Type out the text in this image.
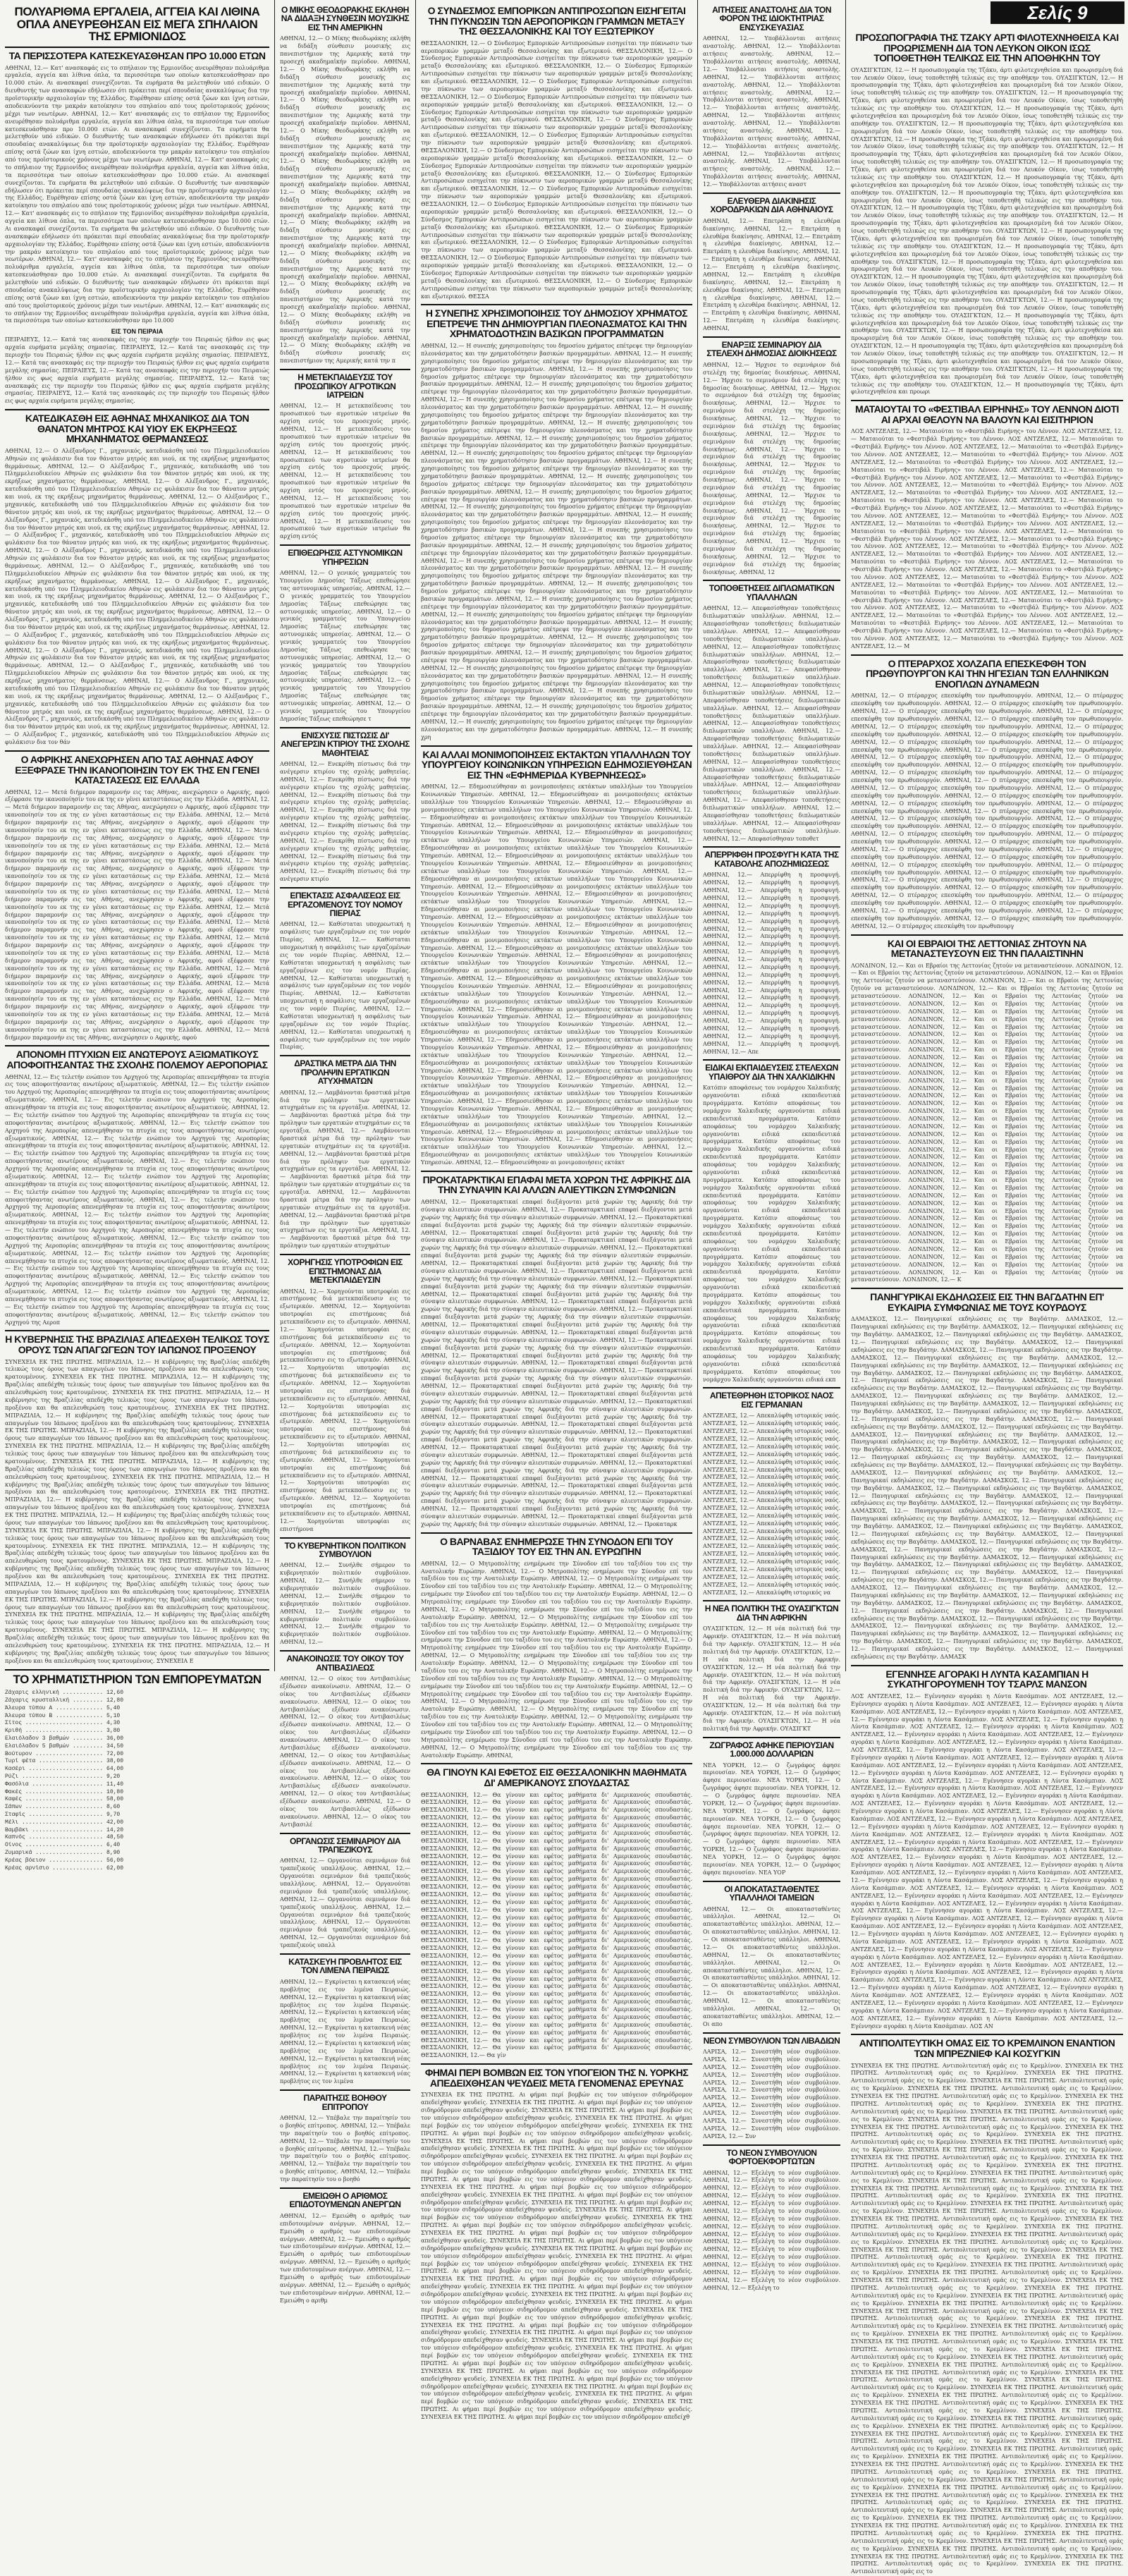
Σελίς 9
ΠΟΛΥΑΡΙΘΜΑ ΕΡΓΑΛΕΙΑ, ΑΓΓΕΙΑ ΚΑΙ ΛΙΘΙΝΑ ΟΠΛΑ ΑΝΕΥΡΕΘΗΣΑΝ ΕΙΣ ΜΕΓΑ ΣΠΗΛΑΙΟΝ ΤΗΣ ΕΡΜΙΟΝΙΔΟΣ
ΤΑ ΠΕΡΙΣΣΟΤΕΡΑ ΚΑΤΕΣΚΕΥΑΣΘΗΣΑΝ ΠΡΟ 10.000 ΕΤΩΝ

ΑΘΗΝΑΙ, 12.— Κατ' ανασκαφάς εις το σπήλαιον της Ερμιονίδος ανευρέθησαν πολυάριθμα εργαλεία, αγγεία και λίθινα όπλα, τα περισσότερα των οποίων κατεσκευάσθησαν προ 10.000 ετών. Αι ανασκαφαί συνεχίζονται. Τα ευρήματα θα μελετηθούν υπό ειδικών. Ο διευθυντής των ανασκαφών εδήλωσεν ότι πρόκειται περί σπουδαίας ανακαλύψεως δια την προϊστορικήν αρχαιολογίαν της Ελλάδος. Ευρέθησαν επίσης οστά ζώων και ίχνη εστιών, αποδεικνύοντα την μακράν κατοίκησιν του σπηλαίου από τους προϊστορικούς χρόνους μέχρι των νεωτέρων. ΑΘΗΝΑΙ, 12.— Κατ' ανασκαφάς εις το σπήλαιον της Ερμιονίδος ανευρέθησαν πολυάριθμα εργαλεία, αγγεία και λίθινα όπλα, τα περισσότερα των οποίων κατεσκευάσθησαν προ 10.000 ετών. Αι ανασκαφαί συνεχίζονται. Τα ευρήματα θα μελετηθούν υπό ειδικών. Ο διευθυντής των ανασκαφών εδήλωσεν ότι πρόκειται περί σπουδαίας ανακαλύψεως δια την προϊστορικήν αρχαιολογίαν της Ελλάδος. Ευρέθησαν επίσης οστά ζώων και ίχνη εστιών, αποδεικνύοντα την μακράν κατοίκησιν του σπηλαίου από τους προϊστορικούς χρόνους μέχρι των νεωτέρων. ΑΘΗΝΑΙ, 12.— Κατ' ανασκαφάς εις το σπήλαιον της Ερμιονίδος ανευρέθησαν πολυάριθμα εργαλεία, αγγεία και λίθινα όπλα, τα περισσότερα των οποίων κατεσκευάσθησαν προ 10.000 ετών. Αι ανασκαφαί συνεχίζονται. Τα ευρήματα θα μελετηθούν υπό ειδικών. Ο διευθυντής των ανασκαφών εδήλωσεν ότι πρόκειται περί σπουδαίας ανακαλύψεως δια την προϊστορικήν αρχαιολογίαν της Ελλάδος. Ευρέθησαν επίσης οστά ζώων και ίχνη εστιών, αποδεικνύοντα την μακράν κατοίκησιν του σπηλαίου από τους προϊστορικούς χρόνους μέχρι των νεωτέρων. ΑΘΗΝΑΙ, 12.— Κατ' ανασκαφάς εις το σπήλαιον της Ερμιονίδος ανευρέθησαν πολυάριθμα εργαλεία, αγγεία και λίθινα όπλα, τα περισσότερα των οποίων κατεσκευάσθησαν προ 10.000 ετών. Αι ανασκαφαί συνεχίζονται. Τα ευρήματα θα μελετηθούν υπό ειδικών. Ο διευθυντής των ανασκαφών εδήλωσεν ότι πρόκειται περί σπουδαίας ανακαλύψεως δια την προϊστορικήν αρχαιολογίαν της Ελλάδος. Ευρέθησαν επίσης οστά ζώων και ίχνη εστιών, αποδεικνύοντα την μακράν κατοίκησιν του σπηλαίου από τους προϊστορικούς χρόνους μέχρι των νεωτέρων. ΑΘΗΝΑΙ, 12.— Κατ' ανασκαφάς εις το σπήλαιον της Ερμιονίδος ανευρέθησαν πολυάριθμα εργαλεία, αγγεία και λίθινα όπλα, τα περισσότερα των οποίων κατεσκευάσθησαν προ 10.000 ετών. Αι ανασκαφαί συνεχίζονται. Τα ευρήματα θα μελετηθούν υπό ειδικών. Ο διευθυντής των ανασκαφών εδήλωσεν ότι πρόκειται περί σπουδαίας ανακαλύψεως δια την προϊστορικήν αρχαιολογίαν της Ελλάδος. Ευρέθησαν επίσης οστά ζώων και ίχνη εστιών, αποδεικνύοντα την μακράν κατοίκησιν του σπηλαίου από τους προϊστορικούς χρόνους μέχρι των νεωτέρων. ΑΘΗΝΑΙ, 12.— Κατ' ανασκαφάς εις το σπήλαιον της Ερμιονίδος ανευρέθησαν πολυάριθμα εργαλεία, αγγεία και λίθινα όπλα, τα περισσότερα των οποίων κατεσκευάσθησαν προ 10.000

ΕΙΣ ΤΟΝ ΠΕΙΡΑΙΑ

ΠΕΙΡΑΙΕΥΣ, 12.— Κατά τας ανασκαφάς εις την περιοχήν του Πειραιώς ήλθον εις φως αρχαία ευρήματα μεγάλης σημασίας. ΠΕΙΡΑΙΕΥΣ, 12.— Κατά τας ανασκαφάς εις την περιοχήν του Πειραιώς ήλθον εις φως αρχαία ευρήματα μεγάλης σημασίας. ΠΕΙΡΑΙΕΥΣ, 12.— Κατά τας ανασκαφάς εις την περιοχήν του Πειραιώς ήλθον εις φως αρχαία ευρήματα μεγάλης σημασίας. ΠΕΙΡΑΙΕΥΣ, 12.— Κατά τας ανασκαφάς εις την περιοχήν του Πειραιώς ήλθον εις φως αρχαία ευρήματα μεγάλης σημασίας. ΠΕΙΡΑΙΕΥΣ, 12.— Κατά τας ανασκαφάς εις την περιοχήν του Πειραιώς ήλθον εις φως αρχαία ευρήματα μεγάλης σημασίας. ΠΕΙΡΑΙΕΥΣ, 12.— Κατά τας ανασκαφάς εις την περιοχήν του Πειραιώς ήλθον εις φως αρχαία ευρήματα μεγάλης σημασίας.

ΚΑΤΕΔΙΚΑΣΘΗ ΕΙΣ ΑΘΗΝΑΣ ΜΗΧΑΝΙΚΟΣ ΔΙΑ ΤΟΝ ΘΑΝΑΤΟΝ ΜΗΤΡΟΣ ΚΑΙ ΥΙΟΥ ΕΚ ΕΚΡΗΞΕΩΣ ΜΗΧΑΝΗΜΑΤΟΣ ΘΕΡΜΑΝΣΕΩΣ

ΑΘΗΝΑΙ, 12.— Ο Αλέξανδρος Γ., μηχανικός, κατεδικάσθη υπό του Πλημμελειοδικείου Αθηνών εις φυλάκισιν δια τον θάνατον μητρός και υιού, εκ της εκρήξεως μηχανήματος θερμάνσεως. ΑΘΗΝΑΙ, 12.— Ο Αλέξανδρος Γ., μηχανικός, κατεδικάσθη υπό του Πλημμελειοδικείου Αθηνών εις φυλάκισιν δια τον θάνατον μητρός και υιού, εκ της εκρήξεως μηχανήματος θερμάνσεως. ΑΘΗΝΑΙ, 12.— Ο Αλέξανδρος Γ., μηχανικός, κατεδικάσθη υπό του Πλημμελειοδικείου Αθηνών εις φυλάκισιν δια τον θάνατον μητρός και υιού, εκ της εκρήξεως μηχανήματος θερμάνσεως. ΑΘΗΝΑΙ, 12.— Ο Αλέξανδρος Γ., μηχανικός, κατεδικάσθη υπό του Πλημμελειοδικείου Αθηνών εις φυλάκισιν δια τον θάνατον μητρός και υιού, εκ της εκρήξεως μηχανήματος θερμάνσεως. ΑΘΗΝΑΙ, 12.— Ο Αλέξανδρος Γ., μηχανικός, κατεδικάσθη υπό του Πλημμελειοδικείου Αθηνών εις φυλάκισιν δια τον θάνατον μητρός και υιού, εκ της εκρήξεως μηχανήματος θερμάνσεως. ΑΘΗΝΑΙ, 12.— Ο Αλέξανδρος Γ., μηχανικός, κατεδικάσθη υπό του Πλημμελειοδικείου Αθηνών εις φυλάκισιν δια τον θάνατον μητρός και υιού, εκ της εκρήξεως μηχανήματος θερμάνσεως. ΑΘΗΝΑΙ, 12.— Ο Αλέξανδρος Γ., μηχανικός, κατεδικάσθη υπό του Πλημμελειοδικείου Αθηνών εις φυλάκισιν δια τον θάνατον μητρός και υιού, εκ της εκρήξεως μηχανήματος θερμάνσεως. ΑΘΗΝΑΙ, 12.— Ο Αλέξανδρος Γ., μηχανικός, κατεδικάσθη υπό του Πλημμελειοδικείου Αθηνών εις φυλάκισιν δια τον θάνατον μητρός και υιού, εκ της εκρήξεως μηχανήματος θερμάνσεως. ΑΘΗΝΑΙ, 12.— Ο Αλέξανδρος Γ., μηχανικός, κατεδικάσθη υπό του Πλημμελειοδικείου Αθηνών εις φυλάκισιν δια τον θάνατον μητρός και υιού, εκ της εκρήξεως μηχανήματος θερμάνσεως. ΑΘΗΝΑΙ, 12.— Ο Αλέξανδρος Γ., μηχανικός, κατεδικάσθη υπό του Πλημμελειοδικείου Αθηνών εις φυλάκισιν δια τον θάνατον μητρός και υιού, εκ της εκρήξεως μηχανήματος θερμάνσεως. ΑΘΗΝΑΙ, 12.— Ο Αλέξανδρος Γ., μηχανικός, κατεδικάσθη υπό του Πλημμελειοδικείου Αθηνών εις φυλάκισιν δια τον θάνατον μητρός και υιού, εκ της εκρήξεως μηχανήματος θερμάνσεως. ΑΘΗΝΑΙ, 12.— Ο Αλέξανδρος Γ., μηχανικός, κατεδικάσθη υπό του Πλημμελειοδικείου Αθηνών εις φυλάκισιν δια τον θάνατον μητρός και υιού, εκ της εκρήξεως μηχανήματος θερμάνσεως. ΑΘΗΝΑΙ, 12.— Ο Αλέξανδρος Γ., μηχανικός, κατεδικάσθη υπό του Πλημμελειοδικείου Αθηνών εις φυλάκισιν δια τον θάνατον μητρός και υιού, εκ της εκρήξεως μηχανήματος θερμάνσεως. ΑΘΗΝΑΙ, 12.— Ο Αλέξανδρος Γ., μηχανικός, κατεδικάσθη υπό του Πλημμελειοδικείου Αθηνών εις φυλάκισιν δια τον θάνατον μητρός και υιού, εκ της εκρήξεως μηχανήματος θερμάνσεως. ΑΘΗΝΑΙ, 12.— Ο Αλέξανδρος Γ., μηχανικός, κατεδικάσθη υπό του Πλημμελειοδικείου Αθηνών εις φυλάκισιν δια τον θάνατον μητρός και υιού, εκ της εκρήξεως μηχανήματος θερμάνσεως. ΑΘΗΝΑΙ, 12.— Ο Αλέξανδρος Γ., μηχανικός, κατεδικάσθη υπό του Πλημμελειοδικείου Αθηνών εις φυλάκισιν δια τον θάνατον μητρός και υιού, εκ της εκρήξεως μηχανήματος θερμάνσεως. ΑΘΗΝΑΙ, 12.— Ο Αλέξανδρος Γ., μηχανικός, κατεδικάσθη υπό του Πλημμελειοδικείου Αθηνών εις φυλάκισιν δια τον θάνατον μητρός και υιού, εκ της εκρήξεως μηχανήματος θερμάνσεως. ΑΘΗΝΑΙ, 12.— Ο Αλέξανδρος Γ., μηχανικός, κατεδικάσθη υπό του Πλημμελειοδικείου Αθηνών εις φυλάκισιν δια τον θάν

Ο ΑΦΡΙΚΗΣ ΑΝΕΧΩΡΗΣΕΝ ΑΠΟ ΤΑΣ ΑΘΗΝΑΣ ΑΦΟΥ ΕΞΕΦΡΑΣΕ ΤΗΝ ΙΚΑΝΟΠΟΙΗΣΙΝ ΤΟΥ ΕΚ ΤΗΣ ΕΝ ΓΕΝΕΙ ΚΑΤΑΣΤΑΣΕΩΣ ΕΙΣ ΕΛΛΑΔΑ

ΑΘΗΝΑΙ, 12.— Μετά διήμερον παραμονήν εις τας Αθήνας, ανεχώρησεν ο Αφρικής, αφού εξέφρασε την ικανοποίησίν του εκ της εν γένει καταστάσεως εις την Ελλάδα. ΑΘΗΝΑΙ, 12.— Μετά διήμερον παραμονήν εις τας Αθήνας, ανεχώρησεν ο Αφρικής, αφού εξέφρασε την ικανοποίησίν του εκ της εν γένει καταστάσεως εις την Ελλάδα. ΑΘΗΝΑΙ, 12.— Μετά διήμερον παραμονήν εις τας Αθήνας, ανεχώρησεν ο Αφρικής, αφού εξέφρασε την ικανοποίησίν του εκ της εν γένει καταστάσεως εις την Ελλάδα. ΑΘΗΝΑΙ, 12.— Μετά διήμερον παραμονήν εις τας Αθήνας, ανεχώρησεν ο Αφρικής, αφού εξέφρασε την ικανοποίησίν του εκ της εν γένει καταστάσεως εις την Ελλάδα. ΑΘΗΝΑΙ, 12.— Μετά διήμερον παραμονήν εις τας Αθήνας, ανεχώρησεν ο Αφρικής, αφού εξέφρασε την ικανοποίησίν του εκ της εν γένει καταστάσεως εις την Ελλάδα. ΑΘΗΝΑΙ, 12.— Μετά διήμερον παραμονήν εις τας Αθήνας, ανεχώρησεν ο Αφρικής, αφού εξέφρασε την ικανοποίησίν του εκ της εν γένει καταστάσεως εις την Ελλάδα. ΑΘΗΝΑΙ, 12.— Μετά διήμερον παραμονήν εις τας Αθήνας, ανεχώρησεν ο Αφρικής, αφού εξέφρασε την ικανοποίησίν του εκ της εν γένει καταστάσεως εις την Ελλάδα. ΑΘΗΝΑΙ, 12.— Μετά διήμερον παραμονήν εις τας Αθήνας, ανεχώρησεν ο Αφρικής, αφού εξέφρασε την ικανοποίησίν του εκ της εν γένει καταστάσεως εις την Ελλάδα. ΑΘΗΝΑΙ, 12.— Μετά διήμερον παραμονήν εις τας Αθήνας, ανεχώρησεν ο Αφρικής, αφού εξέφρασε την ικανοποίησίν του εκ της εν γένει καταστάσεως εις την Ελλάδα. ΑΘΗΝΑΙ, 12.— Μετά διήμερον παραμονήν εις τας Αθήνας, ανεχώρησεν ο Αφρικής, αφού εξέφρασε την ικανοποίησίν του εκ της εν γένει καταστάσεως εις την Ελλάδα. ΑΘΗΝΑΙ, 12.— Μετά διήμερον παραμονήν εις τας Αθήνας, ανεχώρησεν ο Αφρικής, αφού εξέφρασε την ικανοποίησίν του εκ της εν γένει καταστάσεως εις την Ελλάδα. ΑΘΗΝΑΙ, 12.— Μετά διήμερον παραμονήν εις τας Αθήνας, ανεχώρησεν ο Αφρικής, αφού εξέφρασε την ικανοποίησίν του εκ της εν γένει καταστάσεως εις την Ελλάδα. ΑΘΗΝΑΙ, 12.— Μετά διήμερον παραμονήν εις τας Αθήνας, ανεχώρησεν ο Αφρικής, αφού εξέφρασε την ικανοποίησίν του εκ της εν γένει καταστάσεως εις την Ελλάδα. ΑΘΗΝΑΙ, 12.— Μετά διήμερον παραμονήν εις τας Αθήνας, ανεχώρησεν ο Αφρικής, αφού εξέφρασε την ικανοποίησίν του εκ της εν γένει καταστάσεως εις την Ελλάδα. ΑΘΗΝΑΙ, 12.— Μετά διήμερον παραμονήν εις τας Αθήνας, ανεχώρησεν ο Αφρικής, αφού εξέφρασε την ικανοποίησίν του εκ της εν γένει καταστάσεως εις την Ελλάδα. ΑΘΗΝΑΙ, 12.— Μετά διήμερον παραμονήν εις τας Αθήνας, ανεχώρησεν ο Αφρικής, αφού εξέφρασε την ικανοποίησίν του εκ της εν γένει καταστάσεως εις την Ελλάδα. ΑΘΗΝΑΙ, 12.— Μετά διήμερον παραμονήν εις τας Αθήνας, ανεχώρησεν ο Αφρικής, αφού

ΑΠΟΝΟΜΗ ΠΤΥΧΙΩΝ ΕΙΣ ΑΝΩΤΕΡΟΥΣ ΑΞΙΩΜΑΤΙΚΟΥΣ ΑΠΟΦΟΙΤΗΣΑΝΤΑΣ ΤΗΣ ΣΧΟΛΗΣ ΠΟΛΕΜΟΥ ΑΕΡΟΠΟΡΙΑΣ

ΑΘΗΝΑΙ, 12.— Εις τελετήν ενώπιον του Αρχηγού της Αεροπορίας απενεμήθησαν τα πτυχία εις τους αποφοιτήσαντας ανωτέρους αξιωματικούς. ΑΘΗΝΑΙ, 12.— Εις τελετήν ενώπιον του Αρχηγού της Αεροπορίας απενεμήθησαν τα πτυχία εις τους αποφοιτήσαντας ανωτέρους αξιωματικούς. ΑΘΗΝΑΙ, 12.— Εις τελετήν ενώπιον του Αρχηγού της Αεροπορίας απενεμήθησαν τα πτυχία εις τους αποφοιτήσαντας ανωτέρους αξιωματικούς. ΑΘΗΝΑΙ, 12.— Εις τελετήν ενώπιον του Αρχηγού της Αεροπορίας απενεμήθησαν τα πτυχία εις τους αποφοιτήσαντας ανωτέρους αξιωματικούς. ΑΘΗΝΑΙ, 12.— Εις τελετήν ενώπιον του Αρχηγού της Αεροπορίας απενεμήθησαν τα πτυχία εις τους αποφοιτήσαντας ανωτέρους αξιωματικούς. ΑΘΗΝΑΙ, 12.— Εις τελετήν ενώπιον του Αρχηγού της Αεροπορίας απενεμήθησαν τα πτυχία εις τους αποφοιτήσαντας ανωτέρους αξιωματικούς. ΑΘΗΝΑΙ, 12.— Εις τελετήν ενώπιον του Αρχηγού της Αεροπορίας απενεμήθησαν τα πτυχία εις τους αποφοιτήσαντας ανωτέρους αξιωματικούς. ΑΘΗΝΑΙ, 12.— Εις τελετήν ενώπιον του Αρχηγού της Αεροπορίας απενεμήθησαν τα πτυχία εις τους αποφοιτήσαντας ανωτέρους αξιωματικούς. ΑΘΗΝΑΙ, 12.— Εις τελετήν ενώπιον του Αρχηγού της Αεροπορίας απενεμήθησαν τα πτυχία εις τους αποφοιτήσαντας ανωτέρους αξιωματικούς. ΑΘΗΝΑΙ, 12.— Εις τελετήν ενώπιον του Αρχηγού της Αεροπορίας απενεμήθησαν τα πτυχία εις τους αποφοιτήσαντας ανωτέρους αξιωματικούς. ΑΘΗΝΑΙ, 12.— Εις τελετήν ενώπιον του Αρχηγού της Αεροπορίας απενεμήθησαν τα πτυχία εις τους αποφοιτήσαντας ανωτέρους αξιωματικούς. ΑΘΗΝΑΙ, 12.— Εις τελετήν ενώπιον του Αρχηγού της Αεροπορίας απενεμήθησαν τα πτυχία εις τους αποφοιτήσαντας ανωτέρους αξιωματικούς. ΑΘΗΝΑΙ, 12.— Εις τελετήν ενώπιον του Αρχηγού της Αεροπορίας απενεμήθησαν τα πτυχία εις τους αποφοιτήσαντας ανωτέρους αξιωματικούς. ΑΘΗΝΑΙ, 12.— Εις τελετήν ενώπιον του Αρχηγού της Αεροπορίας απενεμήθησαν τα πτυχία εις τους αποφοιτήσαντας ανωτέρους αξιωματικούς. ΑΘΗΝΑΙ, 12.— Εις τελετήν ενώπιον του Αρχηγού της Αεροπορίας απενεμήθησαν τα πτυχία εις τους αποφοιτήσαντας ανωτέρους αξιωματικούς. ΑΘΗΝΑΙ, 12.— Εις τελετήν ενώπιον του Αρχηγού της Αεροπορίας απενεμήθησαν τα πτυχία εις τους αποφοιτήσαντας ανωτέρους αξιωματικούς. ΑΘΗΝΑΙ, 12.— Εις τελετήν ενώπιον του Αρχηγού της Αεροπορίας απενεμήθησαν τα πτυχία εις τους αποφοιτήσαντας ανωτέρους αξιωματικούς. ΑΘΗΝΑΙ, 12.— Εις τελετήν ενώπιον του Αρχηγού της Αεροπορίας απενεμήθησαν τα πτυχία εις τους αποφοιτήσαντας ανωτέρους αξιωματικούς. ΑΘΗΝΑΙ, 12.— Εις τελετήν ενώπιον του Αρχηγού της Αεροπορίας απενεμήθησαν τα πτυχία εις τους αποφοιτήσαντας ανωτέρους αξιωματικούς. ΑΘΗΝΑΙ, 12.— Εις τελετήν ενώπιον του Αρχηγού της Αεροπ

Η ΚΥΒΕΡΝΗΣΙΣ ΤΗΣ ΒΡΑΖΙΛΙΑΣ ΑΠΕΔΕΧΘΗ ΤΕΛΙΚΩΣ ΤΟΥΣ ΟΡΟΥΣ ΤΩΝ ΑΠΑΓΩΓΕΩΝ ΤΟΥ ΙΑΠΩΝΟΣ ΠΡΟΞΕΝΟΥ

ΣΥΝΕΧΕΙΑ ΕΚ ΤΗΣ ΠΡΩΤΗΣ. ΜΠΡΑΖΙΛΙΑ, 12.— Η κυβέρνησις της Βραζιλίας απεδέχθη τελικώς τους όρους των απαγωγέων του Ιάπωνος προξένου και θα απελευθερώση τους κρατουμένους. ΣΥΝΕΧΕΙΑ ΕΚ ΤΗΣ ΠΡΩΤΗΣ. ΜΠΡΑΖΙΛΙΑ, 12.— Η κυβέρνησις της Βραζιλίας απεδέχθη τελικώς τους όρους των απαγωγέων του Ιάπωνος προξένου και θα απελευθερώση τους κρατουμένους. ΣΥΝΕΧΕΙΑ ΕΚ ΤΗΣ ΠΡΩΤΗΣ. ΜΠΡΑΖΙΛΙΑ, 12.— Η κυβέρνησις της Βραζιλίας απεδέχθη τελικώς τους όρους των απαγωγέων του Ιάπωνος προξένου και θα απελευθερώση τους κρατουμένους. ΣΥΝΕΧΕΙΑ ΕΚ ΤΗΣ ΠΡΩΤΗΣ. ΜΠΡΑΖΙΛΙΑ, 12.— Η κυβέρνησις της Βραζιλίας απεδέχθη τελικώς τους όρους των απαγωγέων του Ιάπωνος προξένου και θα απελευθερώση τους κρατουμένους. ΣΥΝΕΧΕΙΑ ΕΚ ΤΗΣ ΠΡΩΤΗΣ. ΜΠΡΑΖΙΛΙΑ, 12.— Η κυβέρνησις της Βραζιλίας απεδέχθη τελικώς τους όρους των απαγωγέων του Ιάπωνος προξένου και θα απελευθερώση τους κρατουμένους. ΣΥΝΕΧΕΙΑ ΕΚ ΤΗΣ ΠΡΩΤΗΣ. ΜΠΡΑΖΙΛΙΑ, 12.— Η κυβέρνησις της Βραζιλίας απεδέχθη τελικώς τους όρους των απαγωγέων του Ιάπωνος προξένου και θα απελευθερώση τους κρατουμένους. ΣΥΝΕΧΕΙΑ ΕΚ ΤΗΣ ΠΡΩΤΗΣ. ΜΠΡΑΖΙΛΙΑ, 12.— Η κυβέρνησις της Βραζιλίας απεδέχθη τελικώς τους όρους των απαγωγέων του Ιάπωνος προξένου και θα απελευθερώση τους κρατουμένους. ΣΥΝΕΧΕΙΑ ΕΚ ΤΗΣ ΠΡΩΤΗΣ. ΜΠΡΑΖΙΛΙΑ, 12.— Η κυβέρνησις της Βραζιλίας απεδέχθη τελικώς τους όρους των απαγωγέων του Ιάπωνος προξένου και θα απελευθερώση τους κρατουμένους. ΣΥΝΕΧΕΙΑ ΕΚ ΤΗΣ ΠΡΩΤΗΣ. ΜΠΡΑΖΙΛΙΑ, 12.— Η κυβέρνησις της Βραζιλίας απεδέχθη τελικώς τους όρους των απαγωγέων του Ιάπωνος προξένου και θα απελευθερώση τους κρατουμένους. ΣΥΝΕΧΕΙΑ ΕΚ ΤΗΣ ΠΡΩΤΗΣ. ΜΠΡΑΖΙΛΙΑ, 12.— Η κυβέρνησις της Βραζιλίας απεδέχθη τελικώς τους όρους των απαγωγέων του Ιάπωνος προξένου και θα απελευθερώση τους κρατουμένους. ΣΥΝΕΧΕΙΑ ΕΚ ΤΗΣ ΠΡΩΤΗΣ. ΜΠΡΑΖΙΛΙΑ, 12.— Η κυβέρνησις της Βραζιλίας απεδέχθη τελικώς τους όρους των απαγωγέων του Ιάπωνος προξένου και θα απελευθερώση τους κρατουμένους. ΣΥΝΕΧΕΙΑ ΕΚ ΤΗΣ ΠΡΩΤΗΣ. ΜΠΡΑΖΙΛΙΑ, 12.— Η κυβέρνησις της Βραζιλίας απεδέχθη τελικώς τους όρους των απαγωγέων του Ιάπωνος προξένου και θα απελευθερώση τους κρατουμένους. ΣΥΝΕΧΕΙΑ ΕΚ ΤΗΣ ΠΡΩΤΗΣ. ΜΠΡΑΖΙΛΙΑ, 12.— Η κυβέρνησις της Βραζιλίας απεδέχθη τελικώς τους όρους των απαγωγέων του Ιάπωνος προξένου και θα απελευθερώση τους κρατουμένους. ΣΥΝΕΧΕΙΑ ΕΚ ΤΗΣ ΠΡΩΤΗΣ. ΜΠΡΑΖΙΛΙΑ, 12.— Η κυβέρνησις της Βραζιλίας απεδέχθη τελικώς τους όρους των απαγωγέων του Ιάπωνος προξένου και θα απελευθερώση τους κρατουμένους. ΣΥΝΕΧΕΙΑ ΕΚ ΤΗΣ ΠΡΩΤΗΣ. ΜΠΡΑΖΙΛΙΑ, 12.— Η κυβέρνησις της Βραζιλίας απεδέχθη τελικώς τους όρους των απαγωγέων του Ιάπωνος προξένου και θα απελευθερώση τους κρατουμένους. ΣΥΝΕΧΕΙΑ ΕΚ ΤΗΣ ΠΡΩΤΗΣ. ΜΠΡΑΖΙΛΙΑ, 12.— Η κυβέρνησις της Βραζιλίας απεδέχθη τελικώς τους όρους των απαγωγέων του Ιάπωνος προξένου και θα απελευθερώση τους κρατουμένους. ΣΥΝΕΧΕΙΑ ΕΚ ΤΗΣ ΠΡΩΤΗΣ. ΜΠΡΑΖΙΛΙΑ, 12.— Η κυβέρνησις της Βραζιλίας απεδέχθη τελικώς τους όρους των απαγωγέων του Ιάπωνος προξένου και θα απελευθερώση τους κρατουμένους. ΣΥΝΕΧΕΙΑ ΕΚ ΤΗΣ ΠΡΩΤΗΣ. ΜΠΡΑΖΙΛΙΑ, 12.— Η κυβέρνησις της Βραζιλίας απεδέχθη τελικώς τους όρους των απαγωγέων του Ιάπωνος προξένου και θα απελευθερώση τους κρατουμένους. ΣΥΝΕΧΕΙΑ Ε

ΤΟ ΧΡΗΜΑΤΙΣΤΗΡΙΟΝ ΤΩΝ ΕΜΠΟΡΕΥΜΑΤΩΝ
Ζάχαρις ελληνική ............ 12,60
Ζάχαρις κρυσταλλική ......... 12,80
Άλευρα τύπου Α .............. 5,40
Άλευρα τύπου Β .............. 5,10
Σίτος ....................... 4,30
Κριθή ....................... 3,80
Ελαιόλαδον 3 βαθμών ......... 36,00
Ελαιόλαδον 5 βαθμών ......... 34,50
Βούτυρον .................... 72,00
Τυρί φέτα ................... 38,00
Κασέρι ...................... 64,00
Ρύζι ........................ 9,20
Φασόλια ..................... 11,40
Φακές ....................... 10,80
Καφές ....................... 58,00
Σάπων ....................... 8,60
Σταφίς ...................... 9,70
Μέλι ........................ 42,00
Βαμβάκι ..................... 14,20
Καπνός ...................... 48,50
Οίνος ....................... 6,40
Ζυμαρικά .................... 8,90
Κρέας βόειον ................ 56,00
Κρέας αρνίσιο ............... 62,00
Ο ΜΙΚΗΣ ΘΕΟΔΩΡΑΚΗΣ ΕΚΛΗΘΗ ΝΑ ΔΙΔΑΞΗ ΣΥΝΘΕΣΙΝ ΜΟΥΣΙΚΗΣ ΕΙΣ ΤΗΝ ΑΜΕΡΙΚΗΝ

ΑΘΗΝΑΙ, 12.— Ο Μίκης Θεοδωράκης εκλήθη να διδάξη σύνθεσιν μουσικής εις πανεπιστήμιον της Αμερικής κατά την προσεχή ακαδημαϊκήν περίοδον. ΑΘΗΝΑΙ, 12.— Ο Μίκης Θεοδωράκης εκλήθη να διδάξη σύνθεσιν μουσικής εις πανεπιστήμιον της Αμερικής κατά την προσεχή ακαδημαϊκήν περίοδον. ΑΘΗΝΑΙ, 12.— Ο Μίκης Θεοδωράκης εκλήθη να διδάξη σύνθεσιν μουσικής εις πανεπιστήμιον της Αμερικής κατά την προσεχή ακαδημαϊκήν περίοδον. ΑΘΗΝΑΙ, 12.— Ο Μίκης Θεοδωράκης εκλήθη να διδάξη σύνθεσιν μουσικής εις πανεπιστήμιον της Αμερικής κατά την προσεχή ακαδημαϊκήν περίοδον. ΑΘΗΝΑΙ, 12.— Ο Μίκης Θεοδωράκης εκλήθη να διδάξη σύνθεσιν μουσικής εις πανεπιστήμιον της Αμερικής κατά την προσεχή ακαδημαϊκήν περίοδον. ΑΘΗΝΑΙ, 12.— Ο Μίκης Θεοδωράκης εκλήθη να διδάξη σύνθεσιν μουσικής εις πανεπιστήμιον της Αμερικής κατά την προσεχή ακαδημαϊκήν περίοδον. ΑΘΗΝΑΙ, 12.— Ο Μίκης Θεοδωράκης εκλήθη να διδάξη σύνθεσιν μουσικής εις πανεπιστήμιον της Αμερικής κατά την προσεχή ακαδημαϊκήν περίοδον. ΑΘΗΝΑΙ, 12.— Ο Μίκης Θεοδωράκης εκλήθη να διδάξη σύνθεσιν μουσικής εις πανεπιστήμιον της Αμερικής κατά την προσεχή ακαδημαϊκήν περίοδον. ΑΘΗΝΑΙ, 12.— Ο Μίκης Θεοδωράκης εκλήθη να διδάξη σύνθεσιν μουσικής εις πανεπιστήμιον της Αμερικής κατά την προσεχή ακαδημαϊκήν περίοδον. ΑΘΗΝΑΙ, 12.— Ο Μίκης Θεοδωράκης εκλήθη να διδάξη σύνθεσιν μουσικής εις πανεπιστήμιον της Αμερικής κατά την προσεχή ακαδημαϊκήν περίοδον. ΑΘΗΝΑΙ, 12.— Ο Μίκης Θεοδωράκης εκλήθη να διδάξη σύνθεσιν μουσικής εις πανεπιστήμιον της Αμερικής κατά την π

Η ΜΕΤΕΚΠΑΙΔΕΥΣΙΣ ΤΟΥ ΠΡΟΣΩΠΙΚΟΥ ΑΓΡΟΤΙΚΩΝ ΙΑΤΡΕΙΩΝ

ΑΘΗΝΑΙ, 12.— Η μετεκπαίδευσις του προσωπικού των αγροτικών ιατρείων θα αρχίση εντός του προσεχούς μηνός. ΑΘΗΝΑΙ, 12.— Η μετεκπαίδευσις του προσωπικού των αγροτικών ιατρείων θα αρχίση εντός του προσεχούς μηνός. ΑΘΗΝΑΙ, 12.— Η μετεκπαίδευσις του προσωπικού των αγροτικών ιατρείων θα αρχίση εντός του προσεχούς μηνός. ΑΘΗΝΑΙ, 12.— Η μετεκπαίδευσις του προσωπικού των αγροτικών ιατρείων θα αρχίση εντός του προσεχούς μηνός. ΑΘΗΝΑΙ, 12.— Η μετεκπαίδευσις του προσωπικού των αγροτικών ιατρείων θα αρχίση εντός του προσεχούς μηνός. ΑΘΗΝΑΙ, 12.— Η μετεκπαίδευσις του προσωπικού των αγροτικών ιατρείων θα αρχίση εντός

ΕΠΙΘΕΩΡΗΣΙΣ ΑΣΤΥΝΟΜΙΚΩΝ ΥΠΗΡΕΣΙΩΝ

ΑΘΗΝΑΙ, 12.— Ο γενικός γραμματεύς του Υπουργείου Δημοσίας Τάξεως επεθεώρησε τας αστυνομικάς υπηρεσίας. ΑΘΗΝΑΙ, 12.— Ο γενικός γραμματεύς του Υπουργείου Δημοσίας Τάξεως επεθεώρησε τας αστυνομικάς υπηρεσίας. ΑΘΗΝΑΙ, 12.— Ο γενικός γραμματεύς του Υπουργείου Δημοσίας Τάξεως επεθεώρησε τας αστυνομικάς υπηρεσίας. ΑΘΗΝΑΙ, 12.— Ο γενικός γραμματεύς του Υπουργείου Δημοσίας Τάξεως επεθεώρησε τας αστυνομικάς υπηρεσίας. ΑΘΗΝΑΙ, 12.— Ο γενικός γραμματεύς του Υπουργείου Δημοσίας Τάξεως επεθεώρησε τας αστυνομικάς υπηρεσίας. ΑΘΗΝΑΙ, 12.— Ο γενικός γραμματεύς του Υπουργείου Δημοσίας Τάξεως επεθεώρησε τας αστυνομικάς υπηρεσίας. ΑΘΗΝΑΙ, 12.— Ο γενικός γραμματεύς του Υπουργείου Δημοσίας Τάξεως επεθεώρησε τ

ΕΝΙΣΧΥΣΙΣ ΠΙΣΤΩΣΙΣ ΔΙ' ΑΝΕΓΕΡΣΙΝ ΚΤΙΡΙΟΥ ΤΗΣ ΣΧΟΛΗΣ ΜΑΘΗΤΕΙΑΣ

ΑΘΗΝΑΙ, 12.— Ενεκρίθη πίστωσις διά την ανέγερσιν κτιρίου της σχολής μαθητείας. ΑΘΗΝΑΙ, 12.— Ενεκρίθη πίστωσις διά την ανέγερσιν κτιρίου της σχολής μαθητείας. ΑΘΗΝΑΙ, 12.— Ενεκρίθη πίστωσις διά την ανέγερσιν κτιρίου της σχολής μαθητείας. ΑΘΗΝΑΙ, 12.— Ενεκρίθη πίστωσις διά την ανέγερσιν κτιρίου της σχολής μαθητείας. ΑΘΗΝΑΙ, 12.— Ενεκρίθη πίστωσις διά την ανέγερσιν κτιρίου της σχολής μαθητείας. ΑΘΗΝΑΙ, 12.— Ενεκρίθη πίστωσις διά την ανέγερσιν κτιρίου της σχολής μαθητείας. ΑΘΗΝΑΙ, 12.— Ενεκρίθη πίστωσις διά την ανέγερσιν κτιρίου της σχολής μαθητείας. ΑΘΗΝΑΙ, 12.— Ενεκρίθη πίστωσις διά την ανέγερσιν κτιρίο

ΕΠΕΚΤΑΣΙΣ ΑΣΦΑΛΙΣΕΩΣ ΕΙΣ ΕΡΓΑΖΟΜΕΝΟΥΣ ΤΟΥ ΝΟΜΟΥ ΠΙΕΡΙΑΣ

ΑΘΗΝΑΙ, 12.— Καθίσταται υποχρεωτική η ασφάλισις των εργαζομένων εις τον νομόν Πιερίας. ΑΘΗΝΑΙ, 12.— Καθίσταται υποχρεωτική η ασφάλισις των εργαζομένων εις τον νομόν Πιερίας. ΑΘΗΝΑΙ, 12.— Καθίσταται υποχρεωτική η ασφάλισις των εργαζομένων εις τον νομόν Πιερίας. ΑΘΗΝΑΙ, 12.— Καθίσταται υποχρεωτική η ασφάλισις των εργαζομένων εις τον νομόν Πιερίας. ΑΘΗΝΑΙ, 12.— Καθίσταται υποχρεωτική η ασφάλισις των εργαζομένων εις τον νομόν Πιερίας. ΑΘΗΝΑΙ, 12.— Καθίσταται υποχρεωτική η ασφάλισις των εργαζομένων εις τον νομόν Πιερίας. ΑΘΗΝΑΙ, 12.— Καθίσταται υποχρεωτική η ασφάλισις των εργαζομένων εις τον νομόν Πιερίας.

ΔΡΑΣΤΙΚΑ ΜΕΤΡΑ ΔΙΑ ΤΗΝ ΠΡΟΛΗΨΙΝ ΕΡΓΑΤΙΚΩΝ ΑΤΥΧΗΜΑΤΩΝ

ΑΘΗΝΑΙ, 12.— Λαμβάνονται δραστικά μέτρα διά την πρόληψιν των εργατικών ατυχημάτων εις τα εργοτάξια. ΑΘΗΝΑΙ, 12.— Λαμβάνονται δραστικά μέτρα διά την πρόληψιν των εργατικών ατυχημάτων εις τα εργοτάξια. ΑΘΗΝΑΙ, 12.— Λαμβάνονται δραστικά μέτρα διά την πρόληψιν των εργατικών ατυχημάτων εις τα εργοτάξια. ΑΘΗΝΑΙ, 12.— Λαμβάνονται δραστικά μέτρα διά την πρόληψιν των εργατικών ατυχημάτων εις τα εργοτάξια. ΑΘΗΝΑΙ, 12.— Λαμβάνονται δραστικά μέτρα διά την πρόληψιν των εργατικών ατυχημάτων εις τα εργοτάξια. ΑΘΗΝΑΙ, 12.— Λαμβάνονται δραστικά μέτρα διά την πρόληψιν των εργατικών ατυχημάτων εις τα εργοτάξια. ΑΘΗΝΑΙ, 12.— Λαμβάνονται δραστικά μέτρα διά την πρόληψιν των εργατικών ατυχημάτων εις τα εργοτάξια. ΑΘΗΝΑΙ, 12.— Λαμβάνονται δραστικά μέτρα διά την πρόληψιν των εργατικών ατυχημάτων

ΧΟΡΗΓΗΣΙΣ ΥΠΟΤΡΟΦΙΩΝ ΕΙΣ ΕΠΙΣΤΗΜΟΝΑΣ ΔΙΑ ΜΕΤΕΚΠΑΙΔΕΥΣΙΝ

ΑΘΗΝΑΙ, 12.— Χορηγούνται υποτροφίαι εις επιστήμονας διά μετεκπαίδευσιν εις το εξωτερικόν. ΑΘΗΝΑΙ, 12.— Χορηγούνται υποτροφίαι εις επιστήμονας διά μετεκπαίδευσιν εις το εξωτερικόν. ΑΘΗΝΑΙ, 12.— Χορηγούνται υποτροφίαι εις επιστήμονας διά μετεκπαίδευσιν εις το εξωτερικόν. ΑΘΗΝΑΙ, 12.— Χορηγούνται υποτροφίαι εις επιστήμονας διά μετεκπαίδευσιν εις το εξωτερικόν. ΑΘΗΝΑΙ, 12.— Χορηγούνται υποτροφίαι εις επιστήμονας διά μετεκπαίδευσιν εις το εξωτερικόν. ΑΘΗΝΑΙ, 12.— Χορηγούνται υποτροφίαι εις επιστήμονας διά μετεκπαίδευσιν εις το εξωτερικόν. ΑΘΗΝΑΙ, 12.— Χορηγούνται υποτροφίαι εις επιστήμονας διά μετεκπαίδευσιν εις το εξωτερικόν. ΑΘΗΝΑΙ, 12.— Χορηγούνται υποτροφίαι εις επιστήμονας διά μετεκπαίδευσιν εις το εξωτερικόν. ΑΘΗΝΑΙ, 12.— Χορηγούνται υποτροφίαι εις επιστήμονας διά μετεκπαίδευσιν εις το εξωτερικόν. ΑΘΗΝΑΙ, 12.— Χορηγούνται υποτροφίαι εις επιστήμονας διά μετεκπαίδευσιν εις το εξωτερικόν. ΑΘΗΝΑΙ, 12.— Χορηγούνται υποτροφίαι εις επιστήμονας διά μετεκπαίδευσιν εις το εξωτερικόν. ΑΘΗΝΑΙ, 12.— Χορηγούνται υποτροφίαι εις επιστήμονας διά μετεκπαίδευσιν εις το εξωτερικόν. ΑΘΗΝΑΙ, 12.— Χορηγούνται υποτροφίαι εις επιστήμονα

ΤΟ ΚΥΒΕΡΝΗΤΙΚΟΝ ΠΟΛΙΤΙΚΟΝ ΣΥΜΒΟΥΛΙΟΝ

ΑΘΗΝΑΙ, 12.— Συνήλθε σήμερον το κυβερνητικόν πολιτικόν συμβούλιον. ΑΘΗΝΑΙ, 12.— Συνήλθε σήμερον το κυβερνητικόν πολιτικόν συμβούλιον. ΑΘΗΝΑΙ, 12.— Συνήλθε σήμερον το κυβερνητικόν πολιτικόν συμβούλιον. ΑΘΗΝΑΙ, 12.— Συνήλθε σήμερον το κυβερνητικόν πολιτικόν συμβούλιον. ΑΘΗΝΑΙ, 12.— Συνήλθε σήμερον το κυβερνητικόν πολιτικόν συμβούλιον. ΑΘΗΝΑΙ, 12.—

ΑΝΑΚΟΙΝΩΣΙΣ ΤΟΥ ΟΙΚΟΥ ΤΟΥ ΑΝΤΙΒΑΣΙΛΕΩΣ

ΑΘΗΝΑΙ, 12.— Ο οίκος του Αντιβασιλέως εξέδωσεν ανακοίνωσιν. ΑΘΗΝΑΙ, 12.— Ο οίκος του Αντιβασιλέως εξέδωσεν ανακοίνωσιν. ΑΘΗΝΑΙ, 12.— Ο οίκος του Αντιβασιλέως εξέδωσεν ανακοίνωσιν. ΑΘΗΝΑΙ, 12.— Ο οίκος του Αντιβασιλέως εξέδωσεν ανακοίνωσιν. ΑΘΗΝΑΙ, 12.— Ο οίκος του Αντιβασιλέως εξέδωσεν ανακοίνωσιν. ΑΘΗΝΑΙ, 12.— Ο οίκος του Αντιβασιλέως εξέδωσεν ανακοίνωσιν. ΑΘΗΝΑΙ, 12.— Ο οίκος του Αντιβασιλέως εξέδωσεν ανακοίνωσιν. ΑΘΗΝΑΙ, 12.— Ο οίκος του Αντιβασιλέως εξέδωσεν ανακοίνωσιν. ΑΘΗΝΑΙ, 12.— Ο οίκος του Αντιβασιλέως εξέδωσεν ανακοίνωσιν. ΑΘΗΝΑΙ, 12.— Ο οίκος του Αντιβασιλέως εξέδωσεν ανακοίνωσιν. ΑΘΗΝΑΙ, 12.— Ο οίκος του Αντιβασιλέως εξέδωσεν ανακοίνωσιν. ΑΘΗΝΑΙ, 12.— Ο οίκος του Αντιβασιλέ

ΟΡΓΑΝΩΣΙΣ ΣΕΜΙΝΑΡΙΟΥ ΔΙΑ ΤΡΑΠΕΖΙΚΟΥΣ

ΑΘΗΝΑΙ, 12.— Οργανούται σεμινάριον διά τραπεζικούς υπαλλήλους. ΑΘΗΝΑΙ, 12.— Οργανούται σεμινάριον διά τραπεζικούς υπαλλήλους. ΑΘΗΝΑΙ, 12.— Οργανούται σεμινάριον διά τραπεζικούς υπαλλήλους. ΑΘΗΝΑΙ, 12.— Οργανούται σεμινάριον διά τραπεζικούς υπαλλήλους. ΑΘΗΝΑΙ, 12.— Οργανούται σεμινάριον διά τραπεζικούς υπαλλήλους. ΑΘΗΝΑΙ, 12.— Οργανούται σεμινάριον διά τραπεζικούς υπαλλήλους. ΑΘΗΝΑΙ, 12.— Οργανούται σεμινάριον διά τραπεζικούς υπαλλ

ΚΑΤΑΣΚΕΥΗ ΠΡΟΒΛΗΤΟΣ ΕΙΣ ΤΟΝ ΛΙΜΕΝΑ ΠΕΙΡΑΙΩΣ

ΑΘΗΝΑΙ, 12.— Εγκρίνεται η κατασκευή νέας προβλήτος εις τον λιμένα Πειραιώς. ΑΘΗΝΑΙ, 12.— Εγκρίνεται η κατασκευή νέας προβλήτος εις τον λιμένα Πειραιώς. ΑΘΗΝΑΙ, 12.— Εγκρίνεται η κατασκευή νέας προβλήτος εις τον λιμένα Πειραιώς. ΑΘΗΝΑΙ, 12.— Εγκρίνεται η κατασκευή νέας προβλήτος εις τον λιμένα Πειραιώς. ΑΘΗΝΑΙ, 12.— Εγκρίνεται η κατασκευή νέας προβλήτος εις τον λιμένα Πειραιώς. ΑΘΗΝΑΙ, 12.— Εγκρίνεται η κατασκευή νέας προβλήτος εις τον λιμένα Πειραιώς. ΑΘΗΝΑΙ, 12.— Εγκρίνεται η κατασκευή νέας προβλήτος εις τον λιμένα

ΠΑΡΑΙΤΗΣΙΣ ΒΟΗΘΟΥ ΕΠΙΤΡΟΠΟΥ

ΑΘΗΝΑΙ, 12.— Υπέβαλε την παραίτησίν του ο βοηθός επίτροπος. ΑΘΗΝΑΙ, 12.— Υπέβαλε την παραίτησίν του ο βοηθός επίτροπος. ΑΘΗΝΑΙ, 12.— Υπέβαλε την παραίτησίν του ο βοηθός επίτροπος. ΑΘΗΝΑΙ, 12.— Υπέβαλε την παραίτησίν του ο βοηθός επίτροπος. ΑΘΗΝΑΙ, 12.— Υπέβαλε την παραίτησίν του ο βοηθός επίτροπος. ΑΘΗΝΑΙ, 12.— Υπέβαλε την παραίτησίν του ο βοηθό

ΕΜΕΙΩΘΗ Ο ΑΡΙΘΜΟΣ ΕΠΙΔΟΤΟΥΜΕΝΩΝ ΑΝΕΡΓΩΝ

ΑΘΗΝΑΙ, 12.— Εμειώθη ο αριθμός των επιδοτουμένων ανέργων. ΑΘΗΝΑΙ, 12.— Εμειώθη ο αριθμός των επιδοτουμένων ανέργων. ΑΘΗΝΑΙ, 12.— Εμειώθη ο αριθμός των επιδοτουμένων ανέργων. ΑΘΗΝΑΙ, 12.— Εμειώθη ο αριθμός των επιδοτουμένων ανέργων. ΑΘΗΝΑΙ, 12.— Εμειώθη ο αριθμός των επιδοτουμένων ανέργων. ΑΘΗΝΑΙ, 12.— Εμειώθη ο αριθμός των επιδοτουμένων ανέργων. ΑΘΗΝΑΙ, 12.— Εμειώθη ο αριθμός των επιδοτουμένων ανέργων. ΑΘΗΝΑΙ, 12.— Εμειώθη ο αριθμ

Ο ΣΥΝΔΕΣΜΟΣ ΕΜΠΟΡΙΚΩΝ ΑΝΤΙΠΡΟΣΩΠΩΝ ΕΙΣΗΓΕΙΤΑΙ ΤΗΝ ΠΥΚΝΩΣΙΝ ΤΩΝ ΑΕΡΟΠΟΡΙΚΩΝ ΓΡΑΜΜΩΝ ΜΕΤΑΞΥ ΤΗΣ ΘΕΣΣΑΛΟΝΙΚΗΣ ΚΑΙ ΤΟΥ ΕΞΩΤΕΡΙΚΟΥ

ΘΕΣΣΑΛΟΝΙΚΗ, 12.— Ο Σύνδεσμος Εμπορικών Αντιπροσώπων εισηγείται την πύκνωσιν των αεροπορικών γραμμών μεταξύ Θεσσαλονίκης και εξωτερικού. ΘΕΣΣΑΛΟΝΙΚΗ, 12.— Ο Σύνδεσμος Εμπορικών Αντιπροσώπων εισηγείται την πύκνωσιν των αεροπορικών γραμμών μεταξύ Θεσσαλονίκης και εξωτερικού. ΘΕΣΣΑΛΟΝΙΚΗ, 12.— Ο Σύνδεσμος Εμπορικών Αντιπροσώπων εισηγείται την πύκνωσιν των αεροπορικών γραμμών μεταξύ Θεσσαλονίκης και εξωτερικού. ΘΕΣΣΑΛΟΝΙΚΗ, 12.— Ο Σύνδεσμος Εμπορικών Αντιπροσώπων εισηγείται την πύκνωσιν των αεροπορικών γραμμών μεταξύ Θεσσαλονίκης και εξωτερικού. ΘΕΣΣΑΛΟΝΙΚΗ, 12.— Ο Σύνδεσμος Εμπορικών Αντιπροσώπων εισηγείται την πύκνωσιν των αεροπορικών γραμμών μεταξύ Θεσσαλονίκης και εξωτερικού. ΘΕΣΣΑΛΟΝΙΚΗ, 12.— Ο Σύνδεσμος Εμπορικών Αντιπροσώπων εισηγείται την πύκνωσιν των αεροπορικών γραμμών μεταξύ Θεσσαλονίκης και εξωτερικού. ΘΕΣΣΑΛΟΝΙΚΗ, 12.— Ο Σύνδεσμος Εμπορικών Αντιπροσώπων εισηγείται την πύκνωσιν των αεροπορικών γραμμών μεταξύ Θεσσαλονίκης και εξωτερικού. ΘΕΣΣΑΛΟΝΙΚΗ, 12.— Ο Σύνδεσμος Εμπορικών Αντιπροσώπων εισηγείται την πύκνωσιν των αεροπορικών γραμμών μεταξύ Θεσσαλονίκης και εξωτερικού. ΘΕΣΣΑΛΟΝΙΚΗ, 12.— Ο Σύνδεσμος Εμπορικών Αντιπροσώπων εισηγείται την πύκνωσιν των αεροπορικών γραμμών μεταξύ Θεσσαλονίκης και εξωτερικού. ΘΕΣΣΑΛΟΝΙΚΗ, 12.— Ο Σύνδεσμος Εμπορικών Αντιπροσώπων εισηγείται την πύκνωσιν των αεροπορικών γραμμών μεταξύ Θεσσαλονίκης και εξωτερικού. ΘΕΣΣΑΛΟΝΙΚΗ, 12.— Ο Σύνδεσμος Εμπορικών Αντιπροσώπων εισηγείται την πύκνωσιν των αεροπορικών γραμμών μεταξύ Θεσσαλονίκης και εξωτερικού. ΘΕΣΣΑΛΟΝΙΚΗ, 12.— Ο Σύνδεσμος Εμπορικών Αντιπροσώπων εισηγείται την πύκνωσιν των αεροπορικών γραμμών μεταξύ Θεσσαλονίκης και εξωτερικού. ΘΕΣΣΑΛΟΝΙΚΗ, 12.— Ο Σύνδεσμος Εμπορικών Αντιπροσώπων εισηγείται την πύκνωσιν των αεροπορικών γραμμών μεταξύ Θεσσαλονίκης και εξωτερικού. ΘΕΣΣΑΛΟΝΙΚΗ, 12.— Ο Σύνδεσμος Εμπορικών Αντιπροσώπων εισηγείται την πύκνωσιν των αεροπορικών γραμμών μεταξύ Θεσσαλονίκης και εξωτερικού. ΘΕΣΣΑΛΟΝΙΚΗ, 12.— Ο Σύνδεσμος Εμπορικών Αντιπροσώπων εισηγείται την πύκνωσιν των αεροπορικών γραμμών μεταξύ Θεσσαλονίκης και εξωτερικού. ΘΕΣΣΑΛΟΝΙΚΗ, 12.— Ο Σύνδεσμος Εμπορικών Αντιπροσώπων εισηγείται την πύκνωσιν των αεροπορικών γραμμών μεταξύ Θεσσαλονίκης και εξωτερικού. ΘΕΣΣΑΛΟΝΙΚΗ, 12.— Ο Σύνδεσμος Εμπορικών Αντιπροσώπων εισηγείται την πύκνωσιν των αεροπορικών γραμμών μεταξύ Θεσσαλονίκης και εξωτερικού. ΘΕΣΣΑΛΟΝΙΚΗ, 12.— Ο Σύνδεσμος Εμπορικών Αντιπροσώπων εισηγείται την πύκνωσιν των αεροπορικών γραμμών μεταξύ Θεσσαλονίκης και εξωτερικού. ΘΕΣΣΑΛΟΝΙΚΗ, 12.— Ο Σύνδεσμος Εμπορικών Αντιπροσώπων εισηγείται την πύκνωσιν των αεροπορικών γραμμών μεταξύ Θεσσαλονίκης και εξωτερικού. ΘΕΣΣΑ

Η ΣΥΝΕΠΗΣ ΧΡΗΣΙΜΟΠΟΙΗΣΙΣ ΤΟΥ ΔΗΜΟΣΙΟΥ ΧΡΗΜΑΤΟΣ ΕΠΕΤΡΕΨΕ ΤΗΝ ΔΗΜΙΟΥΡΓΙΑΝ ΠΛΕΟΝΑΣΜΑΤΟΣ ΚΑΙ ΤΗΝ ΧΡΗΜΑΤΟΔΟΤΗΣΙΝ ΒΑΣΙΚΩΝ ΠΡΟΓΡΑΜΜΑΤΩΝ

ΑΘΗΝΑΙ, 12.— Η συνεπής χρησιμοποίησις του δημοσίου χρήματος επέτρεψε την δημιουργίαν πλεονάσματος και την χρηματοδότησιν βασικών προγραμμάτων. ΑΘΗΝΑΙ, 12.— Η συνεπής χρησιμοποίησις του δημοσίου χρήματος επέτρεψε την δημιουργίαν πλεονάσματος και την χρηματοδότησιν βασικών προγραμμάτων. ΑΘΗΝΑΙ, 12.— Η συνεπής χρησιμοποίησις του δημοσίου χρήματος επέτρεψε την δημιουργίαν πλεονάσματος και την χρηματοδότησιν βασικών προγραμμάτων. ΑΘΗΝΑΙ, 12.— Η συνεπής χρησιμοποίησις του δημοσίου χρήματος επέτρεψε την δημιουργίαν πλεονάσματος και την χρηματοδότησιν βασικών προγραμμάτων. ΑΘΗΝΑΙ, 12.— Η συνεπής χρησιμοποίησις του δημοσίου χρήματος επέτρεψε την δημιουργίαν πλεονάσματος και την χρηματοδότησιν βασικών προγραμμάτων. ΑΘΗΝΑΙ, 12.— Η συνεπής χρησιμοποίησις του δημοσίου χρήματος επέτρεψε την δημιουργίαν πλεονάσματος και την χρηματοδότησιν βασικών προγραμμάτων. ΑΘΗΝΑΙ, 12.— Η συνεπής χρησιμοποίησις του δημοσίου χρήματος επέτρεψε την δημιουργίαν πλεονάσματος και την χρηματοδότησιν βασικών προγραμμάτων. ΑΘΗΝΑΙ, 12.— Η συνεπής χρησιμοποίησις του δημοσίου χρήματος επέτρεψε την δημιουργίαν πλεονάσματος και την χρηματοδότησιν βασικών προγραμμάτων. ΑΘΗΝΑΙ, 12.— Η συνεπής χρησιμοποίησις του δημοσίου χρήματος επέτρεψε την δημιουργίαν πλεονάσματος και την χρηματοδότησιν βασικών προγραμμάτων. ΑΘΗΝΑΙ, 12.— Η συνεπής χρησιμοποίησις του δημοσίου χρήματος επέτρεψε την δημιουργίαν πλεονάσματος και την χρηματοδότησιν βασικών προγραμμάτων. ΑΘΗΝΑΙ, 12.— Η συνεπής χρησιμοποίησις του δημοσίου χρήματος επέτρεψε την δημιουργίαν πλεονάσματος και την χρηματοδότησιν βασικών προγραμμάτων. ΑΘΗΝΑΙ, 12.— Η συνεπής χρησιμοποίησις του δημοσίου χρήματος επέτρεψε την δημιουργίαν πλεονάσματος και την χρηματοδότησιν βασικών προγραμμάτων. ΑΘΗΝΑΙ, 12.— Η συνεπής χρησιμοποίησις του δημοσίου χρήματος επέτρεψε την δημιουργίαν πλεονάσματος και την χρηματοδότησιν βασικών προγραμμάτων. ΑΘΗΝΑΙ, 12.— Η συνεπής χρησιμοποίησις του δημοσίου χρήματος επέτρεψε την δημιουργίαν πλεονάσματος και την χρηματοδότησιν βασικών προγραμμάτων. ΑΘΗΝΑΙ, 12.— Η συνεπής χρησιμοποίησις του δημοσίου χρήματος επέτρεψε την δημιουργίαν πλεονάσματος και την χρηματοδότησιν βασικών προγραμμάτων. ΑΘΗΝΑΙ, 12.— Η συνεπής χρησιμοποίησις του δημοσίου χρήματος επέτρεψε την δημιουργίαν πλεονάσματος και την χρηματοδότησιν βασικών προγραμμάτων. ΑΘΗΝΑΙ, 12.— Η συνεπής χρησιμοποίησις του δημοσίου χρήματος επέτρεψε την δημιουργίαν πλεονάσματος και την χρηματοδότησιν βασικών προγραμμάτων. ΑΘΗΝΑΙ, 12.— Η συνεπής χρησιμοποίησις του δημοσίου χρήματος επέτρεψε την δημιουργίαν πλεονάσματος και την χρηματοδότησιν βασικών προγραμμάτων. ΑΘΗΝΑΙ, 12.— Η συνεπής χρησιμοποίησις του δημοσίου χρήματος επέτρεψε την δημιουργίαν πλεονάσματος και την χρηματοδότησιν βασικών προγραμμάτων. ΑΘΗΝΑΙ, 12.— Η συνεπής χρησιμοποίησις του δημοσίου χρήματος επέτρεψε την δημιουργίαν πλεονάσματος και την χρηματοδότησιν βασικών προγραμμάτων. ΑΘΗΝΑΙ, 12.— Η συνεπής χρησιμοποίησις του δημοσίου χρήματος επέτρεψε την δημιουργίαν πλεονάσματος και την χρηματοδότησιν βασικών προγραμμάτων. ΑΘΗΝΑΙ, 12.— Η συνεπής χρησιμοποίησις του δημοσίου χρήματος επέτρεψε την δημιουργίαν πλεονάσματος και την χρηματοδότησιν βασικών προγραμμάτων. ΑΘΗΝΑΙ, 12.— Η συνεπής χρησιμοποίησις του δημοσίου χρήματος επέτρεψε την δημιουργίαν πλεονάσματος και την χρηματοδότησιν βασικών προγραμμάτων. ΑΘΗΝΑΙ, 12.— Η συνεπής χρησιμοποίησις του δημοσίου χρήματος επέτρεψε την δημιουργίαν πλεονάσματος και την χρηματοδότησιν βασικών προγραμμάτων. ΑΘΗΝΑΙ, 12.— Η συνεπής χρησιμοποίησις του δημοσίου χρήματος επέτρεψε την δημιουργίαν πλεονάσματος και την χρηματοδότησιν βασικών προγραμμάτων. ΑΘΗΝΑΙ, 12.— Η συνεπής χρησιμοποίησις του δημοσίου χρήματος επέτρεψε την δημιουργίαν πλεονάσματος και την χρηματοδότησιν βασικών προγραμμάτων. ΑΘΗΝΑΙ, 12.— Η συνεπής χρησιμοποίησις του δημοσίου χρήματος επέτρεψε την δημιουργίαν πλεονάσματος και την χρηματοδότησιν βασικών προγραμμάτων. ΑΘΗΝΑΙ, 12.— Η συνεπής χρησιμοποίησις του δημοσίου χρήματος επέτρεψε την δημιουργίαν πλεονάσματος και την χρηματοδότησιν βασικών προγραμμάτων. ΑΘΗΝΑΙ, 12.— Η συνεπής χρησιμοποίησις του δημοσίου χρήματος επέτρεψε την δημιουργίαν πλεονάσματος και την χρηματοδότησιν βασικών προγραμμάτων. ΑΘΗΝΑΙ, 12.— Η συνεπής χρη

ΚΑΙ ΑΛΛΑΙ ΜΟΝΙΜΟΠΟΙΗΣΕΙΣ ΕΚΤΑΚΤΩΝ ΥΠΑΛΛΗΛΩΝ ΤΟΥ ΥΠΟΥΡΓΕΙΟΥ ΚΟΙΝΩΝΙΚΩΝ ΥΠΗΡΕΣΙΩΝ ΕΔΗΜΟΣΙΕΥΘΗΣΑΝ ΕΙΣ ΤΗΝ «ΕΦΗΜΕΡΙΔΑ ΚΥΒΕΡΝΗΣΕΩΣ»

ΑΘΗΝΑΙ, 12.— Εδημοσιεύθησαν αι μονιμοποιήσεις εκτάκτων υπαλλήλων του Υπουργείου Κοινωνικών Υπηρεσιών. ΑΘΗΝΑΙ, 12.— Εδημοσιεύθησαν αι μονιμοποιήσεις εκτάκτων υπαλλήλων του Υπουργείου Κοινωνικών Υπηρεσιών. ΑΘΗΝΑΙ, 12.— Εδημοσιεύθησαν αι μονιμοποιήσεις εκτάκτων υπαλλήλων του Υπουργείου Κοινωνικών Υπηρεσιών. ΑΘΗΝΑΙ, 12.— Εδημοσιεύθησαν αι μονιμοποιήσεις εκτάκτων υπαλλήλων του Υπουργείου Κοινωνικών Υπηρεσιών. ΑΘΗΝΑΙ, 12.— Εδημοσιεύθησαν αι μονιμοποιήσεις εκτάκτων υπαλλήλων του Υπουργείου Κοινωνικών Υπηρεσιών. ΑΘΗΝΑΙ, 12.— Εδημοσιεύθησαν αι μονιμοποιήσεις εκτάκτων υπαλλήλων του Υπουργείου Κοινωνικών Υπηρεσιών. ΑΘΗΝΑΙ, 12.— Εδημοσιεύθησαν αι μονιμοποιήσεις εκτάκτων υπαλλήλων του Υπουργείου Κοινωνικών Υπηρεσιών. ΑΘΗΝΑΙ, 12.— Εδημοσιεύθησαν αι μονιμοποιήσεις εκτάκτων υπαλλήλων του Υπουργείου Κοινωνικών Υπηρεσιών. ΑΘΗΝΑΙ, 12.— Εδημοσιεύθησαν αι μονιμοποιήσεις εκτάκτων υπαλλήλων του Υπουργείου Κοινωνικών Υπηρεσιών. ΑΘΗΝΑΙ, 12.— Εδημοσιεύθησαν αι μονιμοποιήσεις εκτάκτων υπαλλήλων του Υπουργείου Κοινωνικών Υπηρεσιών. ΑΘΗΝΑΙ, 12.— Εδημοσιεύθησαν αι μονιμοποιήσεις εκτάκτων υπαλλήλων του Υπουργείου Κοινωνικών Υπηρεσιών. ΑΘΗΝΑΙ, 12.— Εδημοσιεύθησαν αι μονιμοποιήσεις εκτάκτων υπαλλήλων του Υπουργείου Κοινωνικών Υπηρεσιών. ΑΘΗΝΑΙ, 12.— Εδημοσιεύθησαν αι μονιμοποιήσεις εκτάκτων υπαλλήλων του Υπουργείου Κοινωνικών Υπηρεσιών. ΑΘΗΝΑΙ, 12.— Εδημοσιεύθησαν αι μονιμοποιήσεις εκτάκτων υπαλλήλων του Υπουργείου Κοινωνικών Υπηρεσιών. ΑΘΗΝΑΙ, 12.— Εδημοσιεύθησαν αι μονιμοποιήσεις εκτάκτων υπαλλήλων του Υπουργείου Κοινωνικών Υπηρεσιών. ΑΘΗΝΑΙ, 12.— Εδημοσιεύθησαν αι μονιμοποιήσεις εκτάκτων υπαλλήλων του Υπουργείου Κοινωνικών Υπηρεσιών. ΑΘΗΝΑΙ, 12.— Εδημοσιεύθησαν αι μονιμοποιήσεις εκτάκτων υπαλλήλων του Υπουργείου Κοινωνικών Υπηρεσιών. ΑΘΗΝΑΙ, 12.— Εδημοσιεύθησαν αι μονιμοποιήσεις εκτάκτων υπαλλήλων του Υπουργείου Κοινωνικών Υπηρεσιών. ΑΘΗΝΑΙ, 12.— Εδημοσιεύθησαν αι μονιμοποιήσεις εκτάκτων υπαλλήλων του Υπουργείου Κοινωνικών Υπηρεσιών. ΑΘΗΝΑΙ, 12.— Εδημοσιεύθησαν αι μονιμοποιήσεις εκτάκτων υπαλλήλων του Υπουργείου Κοινωνικών Υπηρεσιών. ΑΘΗΝΑΙ, 12.— Εδημοσιεύθησαν αι μονιμοποιήσεις εκτάκτων υπαλλήλων του Υπουργείου Κοινωνικών Υπηρεσιών. ΑΘΗΝΑΙ, 12.— Εδημοσιεύθησαν αι μονιμοποιήσεις εκτάκτων υπαλλήλων του Υπουργείου Κοινωνικών Υπηρεσιών. ΑΘΗΝΑΙ, 12.— Εδημοσιεύθησαν αι μονιμοποιήσεις εκτάκτων υπαλλήλων του Υπουργείου Κοινωνικών Υπηρεσιών. ΑΘΗΝΑΙ, 12.— Εδημοσιεύθησαν αι μονιμοποιήσεις εκτάκτων υπαλλήλων του Υπουργείου Κοινωνικών Υπηρεσιών. ΑΘΗΝΑΙ, 12.— Εδημοσιεύθησαν αι μονιμοποιήσεις εκτάκτων υπαλλήλων του Υπουργείου Κοινωνικών Υπηρεσιών. ΑΘΗΝΑΙ, 12.— Εδημοσιεύθησαν αι μονιμοποιήσεις εκτάκτων υπαλλήλων του Υπουργείου Κοινωνικών Υπηρεσιών. ΑΘΗΝΑΙ, 12.— Εδημοσιεύθησαν αι μονιμοποιήσεις εκτάκτων υπαλλήλων του Υπουργείου Κοινωνικών Υπηρεσιών. ΑΘΗΝΑΙ, 12.— Εδημοσιεύθησαν αι μονιμοποιήσεις εκτάκτων υπαλλήλων του Υπουργείου Κοινωνικών Υπηρεσιών. ΑΘΗΝΑΙ, 12.— Εδημοσιεύθησαν αι μονιμοποιήσεις εκτάκτων υπαλλήλων του Υπουργείου Κοινωνικών Υπηρεσιών. ΑΘΗΝΑΙ, 12.— Εδημοσιεύθησαν αι μονιμοποιήσεις εκτάκτων υπαλλήλων του Υπουργείου Κοινωνικών Υπηρεσιών. ΑΘΗΝΑΙ, 12.— Εδημοσιεύθησαν αι μονιμοποιήσεις εκτάκτων υπαλλήλων του Υπουργείου Κοινωνικών Υπηρεσιών. ΑΘΗΝΑΙ, 12.— Εδημοσιεύθησαν αι μονιμοποιήσεις εκτάκτων υπαλλήλων του Υπουργείου Κοινωνικών Υπηρεσιών. ΑΘΗΝΑΙ, 12.— Εδημοσιεύθησαν αι μονιμοποιήσεις εκτάκτων υπαλλήλων του Υπουργείου Κοινωνικών Υπηρεσιών. ΑΘΗΝΑΙ, 12.— Εδημοσιεύθησαν αι μονιμοποιήσεις εκτάκτων υπαλλήλων του Υπουργείου Κοινωνικών Υπηρεσιών. ΑΘΗΝΑΙ, 12.— Εδημοσιεύθησαν αι μονιμοποιήσεις εκτάκτων υπαλλήλων του Υπουργείου Κοινωνικών Υπηρεσιών. ΑΘΗΝΑΙ, 12.— Εδημοσιεύθησαν αι μονιμοποιήσεις εκτάκτων υπαλλήλων του Υπουργείου Κοινωνικών Υπηρεσιών. ΑΘΗΝΑΙ, 12.— Εδημοσιεύθησαν αι μονιμοποιήσεις εκτάκτων υπαλλήλων του Υπουργείου Κοινωνικών Υπηρεσιών. ΑΘΗΝΑΙ, 12.— Εδημοσιεύθησαν αι μονιμοποιήσεις εκτάκτ

ΠΡΟΚΑΤΑΡΚΤΙΚΑΙ ΕΠΑΦΑΙ ΜΕΤΑ ΧΩΡΩΝ ΤΗΣ ΑΦΡΙΚΗΣ ΔΙΑ ΤΗΝ ΣΥΝΑΨΙΝ ΚΑΙ ΑΛΛΩΝ ΑΛΙΕΥΤΙΚΩΝ ΣΥΜΦΩΝΙΩΝ

ΑΘΗΝΑΙ, 12.— Προκαταρκτικαί επαφαί διεξάγονται μετά χωρών της Αφρικής διά την σύναψιν αλιευτικών συμφωνιών. ΑΘΗΝΑΙ, 12.— Προκαταρκτικαί επαφαί διεξάγονται μετά χωρών της Αφρικής διά την σύναψιν αλιευτικών συμφωνιών. ΑΘΗΝΑΙ, 12.— Προκαταρκτικαί επαφαί διεξάγονται μετά χωρών της Αφρικής διά την σύναψιν αλιευτικών συμφωνιών. ΑΘΗΝΑΙ, 12.— Προκαταρκτικαί επαφαί διεξάγονται μετά χωρών της Αφρικής διά την σύναψιν αλιευτικών συμφωνιών. ΑΘΗΝΑΙ, 12.— Προκαταρκτικαί επαφαί διεξάγονται μετά χωρών της Αφρικής διά την σύναψιν αλιευτικών συμφωνιών. ΑΘΗΝΑΙ, 12.— Προκαταρκτικαί επαφαί διεξάγονται μετά χωρών της Αφρικής διά την σύναψιν αλιευτικών συμφωνιών. ΑΘΗΝΑΙ, 12.— Προκαταρκτικαί επαφαί διεξάγονται μετά χωρών της Αφρικής διά την σύναψιν αλιευτικών συμφωνιών. ΑΘΗΝΑΙ, 12.— Προκαταρκτικαί επαφαί διεξάγονται μετά χωρών της Αφρικής διά την σύναψιν αλιευτικών συμφωνιών. ΑΘΗΝΑΙ, 12.— Προκαταρκτικαί επαφαί διεξάγονται μετά χωρών της Αφρικής διά την σύναψιν αλιευτικών συμφωνιών. ΑΘΗΝΑΙ, 12.— Προκαταρκτικαί επαφαί διεξάγονται μετά χωρών της Αφρικής διά την σύναψιν αλιευτικών συμφωνιών. ΑΘΗΝΑΙ, 12.— Προκαταρκτικαί επαφαί διεξάγονται μετά χωρών της Αφρικής διά την σύναψιν αλιευτικών συμφωνιών. ΑΘΗΝΑΙ, 12.— Προκαταρκτικαί επαφαί διεξάγονται μετά χωρών της Αφρικής διά την σύναψιν αλιευτικών συμφωνιών. ΑΘΗΝΑΙ, 12.— Προκαταρκτικαί επαφαί διεξάγονται μετά χωρών της Αφρικής διά την σύναψιν αλιευτικών συμφωνιών. ΑΘΗΝΑΙ, 12.— Προκαταρκτικαί επαφαί διεξάγονται μετά χωρών της Αφρικής διά την σύναψιν αλιευτικών συμφωνιών. ΑΘΗΝΑΙ, 12.— Προκαταρκτικαί επαφαί διεξάγονται μετά χωρών της Αφρικής διά την σύναψιν αλιευτικών συμφωνιών. ΑΘΗΝΑΙ, 12.— Προκαταρκτικαί επαφαί διεξάγονται μετά χωρών της Αφρικής διά την σύναψιν αλιευτικών συμφωνιών. ΑΘΗΝΑΙ, 12.— Προκαταρκτικαί επαφαί διεξάγονται μετά χωρών της Αφρικής διά την σύναψιν αλιευτικών συμφωνιών. ΑΘΗΝΑΙ, 12.— Προκαταρκτικαί επαφαί διεξάγονται μετά χωρών της Αφρικής διά την σύναψιν αλιευτικών συμφωνιών. ΑΘΗΝΑΙ, 12.— Προκαταρκτικαί επαφαί διεξάγονται μετά χωρών της Αφρικής διά την σύναψιν αλιευτικών συμφωνιών. ΑΘΗΝΑΙ, 12.— Προκαταρκτικαί επαφαί διεξάγονται μετά χωρών της Αφρικής διά την σύναψιν αλιευτικών συμφωνιών. ΑΘΗΝΑΙ, 12.— Προκαταρκτικαί επαφαί διεξάγονται μετά χωρών της Αφρικής διά την σύναψιν αλιευτικών συμφωνιών. ΑΘΗΝΑΙ, 12.— Προκαταρκτικαί επαφαί διεξάγονται μετά χωρών της Αφρικής διά την σύναψιν αλιευτικών συμφωνιών. ΑΘΗΝΑΙ, 12.— Προκαταρκτικαί επαφαί διεξάγονται μετά χωρών της Αφρικής διά την σύναψιν αλιευτικών συμφωνιών. ΑΘΗΝΑΙ, 12.— Προκαταρκτικαί επαφαί διεξάγονται μετά χωρών της Αφρικής διά την σύναψιν αλιευτικών συμφωνιών. ΑΘΗΝΑΙ, 12.— Προκαταρκτικαί επαφαί διεξάγονται μετά χωρών της Αφρικής διά την σύναψιν αλιευτικών συμφωνιών. ΑΘΗΝΑΙ, 12.— Προκαταρκτικαί επαφαί διεξάγονται μετά χωρών της Αφρικής διά την σύναψιν αλιευτικών συμφωνιών. ΑΘΗΝΑΙ, 12.— Προκαταρκτικαί επαφαί διεξάγονται μετά χωρών της Αφρικής διά την σύναψιν αλιευτικών συμφωνιών. ΑΘΗΝΑΙ, 12.— Προκαταρκτικαί επαφαί διεξάγονται μετά χωρών της Αφρικής διά την σύναψιν αλιευτικών συμφωνιών. ΑΘΗΝΑΙ, 12.— Προκαταρκτικαί επαφαί διεξάγονται μετά χωρών της Αφρικής διά την σύναψιν αλιευτικών συμφωνιών. ΑΘΗΝΑΙ, 12.— Προκαταρκτικαί επαφαί διεξάγονται μετά χωρών της Αφρικής διά την σύναψιν αλιευτικών συμφωνιών. ΑΘΗΝΑΙ, 12.— Προκαταρκτικαί επαφαί διεξάγονται μετά χωρών της Αφρικής διά την σύναψιν αλιευτικών συμφωνιών. ΑΘΗΝΑΙ, 12.— Προκαταρκτικαί επαφαί διεξάγονται μετά χωρών της Αφρικής διά την σύναψιν αλιευτικών συμφωνιών. ΑΘΗΝΑΙ, 12.— Προκαταρκ

Ο ΒΑΡΝΑΒΑΣ ΕΝΗΜΕΡΩΣΕ ΤΗΝ ΣΥΝΟΔΟΝ ΕΠΙ ΤΟΥ ΤΑΞΙΔΙΟΥ ΤΟΥ ΕΙΣ ΤΗΝ ΑΝ. ΕΥΡΩΠΗΝ

ΑΘΗΝΑΙ, 12.— Ο Μητροπολίτης ενημέρωσε την Σύνοδον επί του ταξιδίου του εις την Ανατολικήν Ευρώπην. ΑΘΗΝΑΙ, 12.— Ο Μητροπολίτης ενημέρωσε την Σύνοδον επί του ταξιδίου του εις την Ανατολικήν Ευρώπην. ΑΘΗΝΑΙ, 12.— Ο Μητροπολίτης ενημέρωσε την Σύνοδον επί του ταξιδίου του εις την Ανατολικήν Ευρώπην. ΑΘΗΝΑΙ, 12.— Ο Μητροπολίτης ενημέρωσε την Σύνοδον επί του ταξιδίου του εις την Ανατολικήν Ευρώπην. ΑΘΗΝΑΙ, 12.— Ο Μητροπολίτης ενημέρωσε την Σύνοδον επί του ταξιδίου του εις την Ανατολικήν Ευρώπην. ΑΘΗΝΑΙ, 12.— Ο Μητροπολίτης ενημέρωσε την Σύνοδον επί του ταξιδίου του εις την Ανατολικήν Ευρώπην. ΑΘΗΝΑΙ, 12.— Ο Μητροπολίτης ενημέρωσε την Σύνοδον επί του ταξιδίου του εις την Ανατολικήν Ευρώπην. ΑΘΗΝΑΙ, 12.— Ο Μητροπολίτης ενημέρωσε την Σύνοδον επί του ταξιδίου του εις την Ανατολικήν Ευρώπην. ΑΘΗΝΑΙ, 12.— Ο Μητροπολίτης ενημέρωσε την Σύνοδον επί του ταξιδίου του εις την Ανατολικήν Ευρώπην. ΑΘΗΝΑΙ, 12.— Ο Μητροπολίτης ενημέρωσε την Σύνοδον επί του ταξιδίου του εις την Ανατολικήν Ευρώπην. ΑΘΗΝΑΙ, 12.— Ο Μητροπολίτης ενημέρωσε την Σύνοδον επί του ταξιδίου του εις την Ανατολικήν Ευρώπην. ΑΘΗΝΑΙ, 12.— Ο Μητροπολίτης ενημέρωσε την Σύνοδον επί του ταξιδίου του εις την Ανατολικήν Ευρώπην. ΑΘΗΝΑΙ, 12.— Ο Μητροπολίτης ενημέρωσε την Σύνοδον επί του ταξιδίου του εις την Ανατολικήν Ευρώπην. ΑΘΗΝΑΙ, 12.— Ο Μητροπολίτης ενημέρωσε την Σύνοδον επί του ταξιδίου του εις την Ανατολικήν Ευρώπην. ΑΘΗΝΑΙ, 12.— Ο Μητροπολίτης ενημέρωσε την Σύνοδον επί του ταξιδίου του εις την Ανατολικήν Ευρώπην. ΑΘΗΝΑΙ, 12.— Ο Μητροπολίτης ενημέρωσε την Σύνοδον επί του ταξιδίου του εις την Ανατολικήν Ευρώπην. ΑΘΗΝΑΙ, 12.— Ο Μητροπολίτης ενημέρωσε την Σύνοδον επί του ταξιδίου του εις την Ανατολικήν Ευρώπην. ΑΘΗΝΑΙ, 12.— Ο Μητροπολίτης ενημέρωσε την Σύνοδον επί του ταξιδίου του εις την Ανατολικήν Ευρώπην. ΑΘΗΝΑΙ, 12.— Ο Μητροπολίτης ενημέρωσε την Σύνοδον επί του ταξιδίου του εις την Ανατολικήν Ευρώπην. ΑΘΗΝΑΙ, 12.— Ο Μητροπολίτης ενημέρωσε την Σύνοδον επί του ταξιδίου του εις την Ανατολικήν Ευρώπην. ΑΘΗΝΑΙ, 12.— Ο Μητροπολίτης ενημέρωσε την Σύνοδον επί του ταξιδίου του εις την Ανατολικήν Ευρώπην. ΑΘΗΝΑΙ,

ΘΑ ΓΙΝΟΥΝ ΚΑΙ ΕΦΕΤΟΣ ΕΙΣ ΘΕΣΣΑΛΟΝΙΚΗΝ ΜΑΘΗΜΑΤΑ ΔΙ' ΑΜΕΡΙΚΑΝΟΥΣ ΣΠΟΥΔΑΣΤΑΣ

ΘΕΣΣΑΛΟΝΙΚΗ, 12.— Θα γίνουν και εφέτος μαθήματα δι' Αμερικανούς σπουδαστάς. ΘΕΣΣΑΛΟΝΙΚΗ, 12.— Θα γίνουν και εφέτος μαθήματα δι' Αμερικανούς σπουδαστάς. ΘΕΣΣΑΛΟΝΙΚΗ, 12.— Θα γίνουν και εφέτος μαθήματα δι' Αμερικανούς σπουδαστάς. ΘΕΣΣΑΛΟΝΙΚΗ, 12.— Θα γίνουν και εφέτος μαθήματα δι' Αμερικανούς σπουδαστάς. ΘΕΣΣΑΛΟΝΙΚΗ, 12.— Θα γίνουν και εφέτος μαθήματα δι' Αμερικανούς σπουδαστάς. ΘΕΣΣΑΛΟΝΙΚΗ, 12.— Θα γίνουν και εφέτος μαθήματα δι' Αμερικανούς σπουδαστάς. ΘΕΣΣΑΛΟΝΙΚΗ, 12.— Θα γίνουν και εφέτος μαθήματα δι' Αμερικανούς σπουδαστάς. ΘΕΣΣΑΛΟΝΙΚΗ, 12.— Θα γίνουν και εφέτος μαθήματα δι' Αμερικανούς σπουδαστάς. ΘΕΣΣΑΛΟΝΙΚΗ, 12.— Θα γίνουν και εφέτος μαθήματα δι' Αμερικανούς σπουδαστάς. ΘΕΣΣΑΛΟΝΙΚΗ, 12.— Θα γίνουν και εφέτος μαθήματα δι' Αμερικανούς σπουδαστάς. ΘΕΣΣΑΛΟΝΙΚΗ, 12.— Θα γίνουν και εφέτος μαθήματα δι' Αμερικανούς σπουδαστάς. ΘΕΣΣΑΛΟΝΙΚΗ, 12.— Θα γίνουν και εφέτος μαθήματα δι' Αμερικανούς σπουδαστάς. ΘΕΣΣΑΛΟΝΙΚΗ, 12.— Θα γίνουν και εφέτος μαθήματα δι' Αμερικανούς σπουδαστάς. ΘΕΣΣΑΛΟΝΙΚΗ, 12.— Θα γίνουν και εφέτος μαθήματα δι' Αμερικανούς σπουδαστάς. ΘΕΣΣΑΛΟΝΙΚΗ, 12.— Θα γίνουν και εφέτος μαθήματα δι' Αμερικανούς σπουδαστάς. ΘΕΣΣΑΛΟΝΙΚΗ, 12.— Θα γίνουν και εφέτος μαθήματα δι' Αμερικανούς σπουδαστάς. ΘΕΣΣΑΛΟΝΙΚΗ, 12.— Θα γίνουν και εφέτος μαθήματα δι' Αμερικανούς σπουδαστάς. ΘΕΣΣΑΛΟΝΙΚΗ, 12.— Θα γίνουν και εφέτος μαθήματα δι' Αμερικανούς σπουδαστάς. ΘΕΣΣΑΛΟΝΙΚΗ, 12.— Θα γίνουν και εφέτος μαθήματα δι' Αμερικανούς σπουδαστάς. ΘΕΣΣΑΛΟΝΙΚΗ, 12.— Θα γίνουν και εφέτος μαθήματα δι' Αμερικανούς σπουδαστάς. ΘΕΣΣΑΛΟΝΙΚΗ, 12.— Θα γίνουν και εφέτος μαθήματα δι' Αμερικανούς σπουδαστάς. ΘΕΣΣΑΛΟΝΙΚΗ, 12.— Θα γίνουν και εφέτος μαθήματα δι' Αμερικανούς σπουδαστάς. ΘΕΣΣΑΛΟΝΙΚΗ, 12.— Θα γίνουν και εφέτος μαθήματα δι' Αμερικανούς σπουδαστάς. ΘΕΣΣΑΛΟΝΙΚΗ, 12.— Θα γίνουν και εφέτος μαθήματα δι' Αμερικανούς σπουδαστάς. ΘΕΣΣΑΛΟΝΙΚΗ, 12.— Θα γίνουν και εφέτος μαθήματα δι' Αμερικανούς σπουδαστάς. ΘΕΣΣΑΛΟΝΙΚΗ, 12.— Θα γίνουν και εφέτος μαθήματα δι' Αμερικανούς σπουδαστάς. ΘΕΣΣΑΛΟΝΙΚΗ, 12.— Θα γίνουν και εφέτος μαθήματα δι' Αμερικανούς σπουδαστάς. ΘΕΣΣΑΛΟΝΙΚΗ, 12.— Θα γίνουν και εφέτος μαθήματα δι' Αμερικανούς σπουδαστάς. ΘΕΣΣΑΛΟΝΙΚΗ, 12.— Θα γίνουν και εφέτος μαθήματα δι' Αμερικανούς σπουδαστάς. ΘΕΣΣΑΛΟΝΙΚΗ, 12.— Θα γίνουν και εφέτος μαθήματα δι' Αμερικανούς σπουδαστάς. ΘΕΣΣΑΛΟΝΙΚΗ, 12.— Θα γίνουν και εφέτος μαθήματα δι' Αμερικανούς σπουδαστάς. ΘΕΣΣΑΛΟΝΙΚΗ, 12.— Θα γίνουν και εφέτος μαθήματα δι' Αμερικανούς σπουδαστάς. ΘΕΣΣΑΛΟΝΙΚΗ, 12.— Θα γίνουν και εφέτος μαθήματα δι' Αμερικανούς σπουδαστάς. ΘΕΣΣΑΛΟΝΙΚΗ, 12.— Θα γίνουν και εφέτος μαθήματα δι' Αμερικανούς σπουδαστάς. ΘΕΣΣΑΛΟΝΙΚΗ, 12.— Θα γίν

ΦΗΜΑΙ ΠΕΡΙ ΒΟΜΒΩΝ ΕΙΣ ΤΟΝ ΥΠΟΓΕΙΟΝ ΤΗΣ Ν. ΥΟΡΚΗΣ ΑΠΕΔΕΙΧΘΗΣΑΝ ΨΕΥΔΕΙΣ ΜΕΤΑ ΓΕΝΟΜΕΝΑΣ ΕΡΕΥΝΑΣ

ΣΥΝΕΧΕΙΑ ΕΚ ΤΗΣ ΠΡΩΤΗΣ. Αι φήμαι περί βομβών εις τον υπόγειον σιδηρόδρομον απεδείχθησαν ψευδείς. ΣΥΝΕΧΕΙΑ ΕΚ ΤΗΣ ΠΡΩΤΗΣ. Αι φήμαι περί βομβών εις τον υπόγειον σιδηρόδρομον απεδείχθησαν ψευδείς. ΣΥΝΕΧΕΙΑ ΕΚ ΤΗΣ ΠΡΩΤΗΣ. Αι φήμαι περί βομβών εις τον υπόγειον σιδηρόδρομον απεδείχθησαν ψευδείς. ΣΥΝΕΧΕΙΑ ΕΚ ΤΗΣ ΠΡΩΤΗΣ. Αι φήμαι περί βομβών εις τον υπόγειον σιδηρόδρομον απεδείχθησαν ψευδείς. ΣΥΝΕΧΕΙΑ ΕΚ ΤΗΣ ΠΡΩΤΗΣ. Αι φήμαι περί βομβών εις τον υπόγειον σιδηρόδρομον απεδείχθησαν ψευδείς. ΣΥΝΕΧΕΙΑ ΕΚ ΤΗΣ ΠΡΩΤΗΣ. Αι φήμαι περί βομβών εις τον υπόγειον σιδηρόδρομον απεδείχθησαν ψευδείς. ΣΥΝΕΧΕΙΑ ΕΚ ΤΗΣ ΠΡΩΤΗΣ. Αι φήμαι περί βομβών εις τον υπόγειον σιδηρόδρομον απεδείχθησαν ψευδείς. ΣΥΝΕΧΕΙΑ ΕΚ ΤΗΣ ΠΡΩΤΗΣ. Αι φήμαι περί βομβών εις τον υπόγειον σιδηρόδρομον απεδείχθησαν ψευδείς. ΣΥΝΕΧΕΙΑ ΕΚ ΤΗΣ ΠΡΩΤΗΣ. Αι φήμαι περί βομβών εις τον υπόγειον σιδηρόδρομον απεδείχθησαν ψευδείς. ΣΥΝΕΧΕΙΑ ΕΚ ΤΗΣ ΠΡΩΤΗΣ. Αι φήμαι περί βομβών εις τον υπόγειον σιδηρόδρομον απεδείχθησαν ψευδείς. ΣΥΝΕΧΕΙΑ ΕΚ ΤΗΣ ΠΡΩΤΗΣ. Αι φήμαι περί βομβών εις τον υπόγειον σιδηρόδρομον απεδείχθησαν ψευδείς. ΣΥΝΕΧΕΙΑ ΕΚ ΤΗΣ ΠΡΩΤΗΣ. Αι φήμαι περί βομβών εις τον υπόγειον σιδηρόδρομον απεδείχθησαν ψευδείς. ΣΥΝΕΧΕΙΑ ΕΚ ΤΗΣ ΠΡΩΤΗΣ. Αι φήμαι περί βομβών εις τον υπόγειον σιδηρόδρομον απεδείχθησαν ψευδείς. ΣΥΝΕΧΕΙΑ ΕΚ ΤΗΣ ΠΡΩΤΗΣ. Αι φήμαι περί βομβών εις τον υπόγειον σιδηρόδρομον απεδείχθησαν ψευδείς. ΣΥΝΕΧΕΙΑ ΕΚ ΤΗΣ ΠΡΩΤΗΣ. Αι φήμαι περί βομβών εις τον υπόγειον σιδηρόδρομον απεδείχθησαν ψευδείς. ΣΥΝΕΧΕΙΑ ΕΚ ΤΗΣ ΠΡΩΤΗΣ. Αι φήμαι περί βομβών εις τον υπόγειον σιδηρόδρομον απεδείχθησαν ψευδείς. ΣΥΝΕΧΕΙΑ ΕΚ ΤΗΣ ΠΡΩΤΗΣ. Αι φήμαι περί βομβών εις τον υπόγειον σιδηρόδρομον απεδείχθησαν ψευδείς. ΣΥΝΕΧΕΙΑ ΕΚ ΤΗΣ ΠΡΩΤΗΣ. Αι φήμαι περί βομβών εις τον υπόγειον σιδηρόδρομον απεδείχθησαν ψευδείς. ΣΥΝΕΧΕΙΑ ΕΚ ΤΗΣ ΠΡΩΤΗΣ. Αι φήμαι περί βομβών εις τον υπόγειον σιδηρόδρομον απεδείχθησαν ψευδείς. ΣΥΝΕΧΕΙΑ ΕΚ ΤΗΣ ΠΡΩΤΗΣ. Αι φήμαι περί βομβών εις τον υπόγειον σιδηρόδρομον απεδείχθησαν ψευδείς. ΣΥΝΕΧΕΙΑ ΕΚ ΤΗΣ ΠΡΩΤΗΣ. Αι φήμαι περί βομβών εις τον υπόγειον σιδηρόδρομον απεδείχθησαν ψευδείς. ΣΥΝΕΧΕΙΑ ΕΚ ΤΗΣ ΠΡΩΤΗΣ. Αι φήμαι περί βομβών εις τον υπόγειον σιδηρόδρομον απεδείχθησαν ψευδείς. ΣΥΝΕΧΕΙΑ ΕΚ ΤΗΣ ΠΡΩΤΗΣ. Αι φήμαι περί βομβών εις τον υπόγειον σιδηρόδρομον απεδείχθησαν ψευδείς. ΣΥΝΕΧΕΙΑ ΕΚ ΤΗΣ ΠΡΩΤΗΣ. Αι φήμαι περί βομβών εις τον υπόγειον σιδηρόδρομον απεδείχθησαν ψευδείς. ΣΥΝΕΧΕΙΑ ΕΚ ΤΗΣ ΠΡΩΤΗΣ. Αι φήμαι περί βομβών εις τον υπόγειον σιδηρόδρομον απεδείχθησαν ψευδείς. ΣΥΝΕΧΕΙΑ ΕΚ ΤΗΣ ΠΡΩΤΗΣ. Αι φήμαι περί βομβών εις τον υπόγειον σιδηρόδρομον απεδείχθησαν ψευδείς. ΣΥΝΕΧΕΙΑ ΕΚ ΤΗΣ ΠΡΩΤΗΣ. Αι φήμαι περί βομβών εις τον υπόγειον σιδηρόδρομον απεδείχθησαν ψευδείς. ΣΥΝΕΧΕΙΑ ΕΚ ΤΗΣ ΠΡΩΤΗΣ. Αι φήμαι περί βομβών εις τον υπόγειον σιδηρόδρομον απεδείχθησαν ψευδείς. ΣΥΝΕΧΕΙΑ ΕΚ ΤΗΣ ΠΡΩΤΗΣ. Αι φήμαι περί βομβών εις τον υπόγειον σιδηρόδρομον απεδείχθησαν ψευδείς. ΣΥΝΕΧΕΙΑ ΕΚ ΤΗΣ ΠΡΩΤΗΣ. Αι φήμαι περί βομβών εις τον υπόγειον σιδηρόδρομον απεδείχθησαν ψευδείς. ΣΥΝΕΧΕΙΑ ΕΚ ΤΗΣ ΠΡΩΤΗΣ. Αι φήμαι περί βομβών εις τον υπόγειον σιδηρόδρομον απεδείχθησαν ψευδείς. ΣΥΝΕΧΕΙΑ ΕΚ ΤΗΣ ΠΡΩΤΗΣ. Αι φήμαι περί βομβών εις τον υπόγειον σιδηρόδρομον απεδείχθησαν ψευδείς. ΣΥΝΕΧΕΙΑ ΕΚ ΤΗΣ ΠΡΩΤΗΣ. Αι φήμαι περί βομβών εις τον υπόγειον σιδηρόδρομον απεδείχθησαν ψευδείς. ΣΥΝΕΧΕΙΑ ΕΚ ΤΗΣ ΠΡΩΤΗΣ. Αι φήμαι περί βομβών εις τον υπόγειον σιδηρόδρομον απεδείχθησαν ψευδείς. ΣΥΝΕΧΕΙΑ ΕΚ ΤΗΣ ΠΡΩΤΗΣ. Αι φήμαι περί βομβών εις τον υπόγειον σιδηρόδρομον απεδείχθησαν ψευδείς. ΣΥΝΕΧΕΙΑ ΕΚ ΤΗΣ ΠΡΩΤΗΣ. Αι φήμαι περί βομβών εις τον υπόγειον σιδηρόδρομον απεδείχθ

ΑΙΤΗΣΕΙΣ ΑΝΑΣΤΟΛΗΣ ΔΙΑ ΤΟΝ ΦΟΡΟΝ ΤΗΣ ΙΔΙΟΚΤΗΤΡΙΑΣ ΕΝΣΥΣΚΕΥΑΣΙΑΣ

ΑΘΗΝΑΙ, 12.— Υποβάλλονται αιτήσεις αναστολής. ΑΘΗΝΑΙ, 12.— Υποβάλλονται αιτήσεις αναστολής. ΑΘΗΝΑΙ, 12.— Υποβάλλονται αιτήσεις αναστολής. ΑΘΗΝΑΙ, 12.— Υποβάλλονται αιτήσεις αναστολής. ΑΘΗΝΑΙ, 12.— Υποβάλλονται αιτήσεις αναστολής. ΑΘΗΝΑΙ, 12.— Υποβάλλονται αιτήσεις αναστολής. ΑΘΗΝΑΙ, 12.— Υποβάλλονται αιτήσεις αναστολής. ΑΘΗΝΑΙ, 12.— Υποβάλλονται αιτήσεις αναστολής. ΑΘΗΝΑΙ, 12.— Υποβάλλονται αιτήσεις αναστολής. ΑΘΗΝΑΙ, 12.— Υποβάλλονται αιτήσεις αναστολής. ΑΘΗΝΑΙ, 12.— Υποβάλλονται αιτήσεις αναστολής. ΑΘΗΝΑΙ, 12.— Υποβάλλονται αιτήσεις αναστολής. ΑΘΗΝΑΙ, 12.— Υποβάλλονται αιτήσεις αναστολής. ΑΘΗΝΑΙ, 12.— Υποβάλλονται αιτήσεις αναστολής. ΑΘΗΝΑΙ, 12.— Υποβάλλονται αιτήσεις αναστολής. ΑΘΗΝΑΙ, 12.— Υποβάλλονται αιτήσεις αναστ

ΕΛΕΥΘΕΡΑ ΔΙΑΚΙΝΗΣΙΣ ΧΟΡΟΔΡΑΚΙΩΝ ΔΙΑ ΑΘΗΝΑΙΟΥΣ

ΑΘΗΝΑΙ, 12.— Επετράπη η ελευθέρα διακίνησις. ΑΘΗΝΑΙ, 12.— Επετράπη η ελευθέρα διακίνησις. ΑΘΗΝΑΙ, 12.— Επετράπη η ελευθέρα διακίνησις. ΑΘΗΝΑΙ, 12.— Επετράπη η ελευθέρα διακίνησις. ΑΘΗΝΑΙ, 12.— Επετράπη η ελευθέρα διακίνησις. ΑΘΗΝΑΙ, 12.— Επετράπη η ελευθέρα διακίνησις. ΑΘΗΝΑΙ, 12.— Επετράπη η ελευθέρα διακίνησις. ΑΘΗΝΑΙ, 12.— Επετράπη η ελευθέρα διακίνησις. ΑΘΗΝΑΙ, 12.— Επετράπη η ελευθέρα διακίνησις. ΑΘΗΝΑΙ, 12.— Επετράπη η ελευθέρα διακίνησις. ΑΘΗΝΑΙ, 12.— Επετράπη η ελευθέρα διακίνησις. ΑΘΗΝΑΙ, 12.— Επετράπη η ελευθέρα διακίνησις. ΑΘΗΝΑΙ,

ΕΝΑΡΞΙΣ ΣΕΜΙΝΑΡΙΟΥ ΔΙΑ ΣΤΕΛΕΧΗ ΔΗΜΟΣΙΑΣ ΔΙΟΙΚΗΣΕΩΣ

ΑΘΗΝΑΙ, 12.— Ήρχισε το σεμινάριον διά στελέχη της δημοσίας διοικήσεως. ΑΘΗΝΑΙ, 12.— Ήρχισε το σεμινάριον διά στελέχη της δημοσίας διοικήσεως. ΑΘΗΝΑΙ, 12.— Ήρχισε το σεμινάριον διά στελέχη της δημοσίας διοικήσεως. ΑΘΗΝΑΙ, 12.— Ήρχισε το σεμινάριον διά στελέχη της δημοσίας διοικήσεως. ΑΘΗΝΑΙ, 12.— Ήρχισε το σεμινάριον διά στελέχη της δημοσίας διοικήσεως. ΑΘΗΝΑΙ, 12.— Ήρχισε το σεμινάριον διά στελέχη της δημοσίας διοικήσεως. ΑΘΗΝΑΙ, 12.— Ήρχισε το σεμινάριον διά στελέχη της δημοσίας διοικήσεως. ΑΘΗΝΑΙ, 12.— Ήρχισε το σεμινάριον διά στελέχη της δημοσίας διοικήσεως. ΑΘΗΝΑΙ, 12.— Ήρχισε το σεμινάριον διά στελέχη της δημοσίας διοικήσεως. ΑΘΗΝΑΙ, 12.— Ήρχισε το σεμινάριον διά στελέχη της δημοσίας διοικήσεως. ΑΘΗΝΑΙ, 12.— Ήρχισε το σεμινάριον διά στελέχη της δημοσίας διοικήσεως. ΑΘΗΝΑΙ, 12.— Ήρχισε το σεμινάριον διά στελέχη της δημοσίας διοικήσεως. ΑΘΗΝΑΙ, 12.— Ήρχισε το σεμινάριον διά στελέχη της δημοσίας διοικήσεως. ΑΘΗΝΑΙ, 12.— Ήρχισε το σεμινάριον διά στελέχη της δημοσίας διοικήσεως. ΑΘΗΝΑΙ, 12

ΤΟΠΟΘΕΤΗΣΕΙΣ ΔΙΠΛΩΜΑΤΙΚΩΝ ΥΠΑΛΛΗΛΩΝ

ΑΘΗΝΑΙ, 12.— Απεφασίσθησαν τοποθετήσεις διπλωματικών υπαλλήλων. ΑΘΗΝΑΙ, 12.— Απεφασίσθησαν τοποθετήσεις διπλωματικών υπαλλήλων. ΑΘΗΝΑΙ, 12.— Απεφασίσθησαν τοποθετήσεις διπλωματικών υπαλλήλων. ΑΘΗΝΑΙ, 12.— Απεφασίσθησαν τοποθετήσεις διπλωματικών υπαλλήλων. ΑΘΗΝΑΙ, 12.— Απεφασίσθησαν τοποθετήσεις διπλωματικών υπαλλήλων. ΑΘΗΝΑΙ, 12.— Απεφασίσθησαν τοποθετήσεις διπλωματικών υπαλλήλων. ΑΘΗΝΑΙ, 12.— Απεφασίσθησαν τοποθετήσεις διπλωματικών υπαλλήλων. ΑΘΗΝΑΙ, 12.— Απεφασίσθησαν τοποθετήσεις διπλωματικών υπαλλήλων. ΑΘΗΝΑΙ, 12.— Απεφασίσθησαν τοποθετήσεις διπλωματικών υπαλλήλων. ΑΘΗΝΑΙ, 12.— Απεφασίσθησαν τοποθετήσεις διπλωματικών υπαλλήλων. ΑΘΗΝΑΙ, 12.— Απεφασίσθησαν τοποθετήσεις διπλωματικών υπαλλήλων. ΑΘΗΝΑΙ, 12.— Απεφασίσθησαν τοποθετήσεις διπλωματικών υπαλλήλων. ΑΘΗΝΑΙ, 12.— Απεφασίσθησαν τοποθετήσεις διπλωματικών υπαλλήλων. ΑΘΗΝΑΙ, 12.— Απεφασίσθησαν τοποθετήσεις διπλωματικών υπαλλήλων. ΑΘΗΝΑΙ, 12.— Απεφασίσθησαν τοποθετήσεις διπλωματικών υπαλλήλων. ΑΘΗΝΑΙ, 12.— Απεφασίσθησαν τοποθετήσεις διπλωματικών υπαλλήλων. ΑΘΗΝΑΙ, 12.— Απεφασίσθησαν τοποθετήσεις διπλωματικών υπαλλήλων. ΑΘΗΝΑΙ, 12.— Απεφασίσθησαν τοποθετήσεις διπλωματικών υπαλλήλων. ΑΘΗΝΑΙ, 12.— Απεφασίσθησαν τοποθετ

ΑΠΕΡΡΙΦΘΗ ΠΡΟΣΦΥΓΗ ΚΑΤΑ ΤΗΣ ΚΑΤΑΒΟΛΗΣ ΑΠΟΖΗΜΙΩΣΕΩΣ

ΑΘΗΝΑΙ, 12.— Απερρίφθη η προσφυγή. ΑΘΗΝΑΙ, 12.— Απερρίφθη η προσφυγή. ΑΘΗΝΑΙ, 12.— Απερρίφθη η προσφυγή. ΑΘΗΝΑΙ, 12.— Απερρίφθη η προσφυγή. ΑΘΗΝΑΙ, 12.— Απερρίφθη η προσφυγή. ΑΘΗΝΑΙ, 12.— Απερρίφθη η προσφυγή. ΑΘΗΝΑΙ, 12.— Απερρίφθη η προσφυγή. ΑΘΗΝΑΙ, 12.— Απερρίφθη η προσφυγή. ΑΘΗΝΑΙ, 12.— Απερρίφθη η προσφυγή. ΑΘΗΝΑΙ, 12.— Απερρίφθη η προσφυγή. ΑΘΗΝΑΙ, 12.— Απερρίφθη η προσφυγή. ΑΘΗΝΑΙ, 12.— Απερρίφθη η προσφυγή. ΑΘΗΝΑΙ, 12.— Απερρίφθη η προσφυγή. ΑΘΗΝΑΙ, 12.— Απερρίφθη η προσφυγή. ΑΘΗΝΑΙ, 12.— Απερρίφθη η προσφυγή. ΑΘΗΝΑΙ, 12.— Απερρίφθη η προσφυγή. ΑΘΗΝΑΙ, 12.— Απερρίφθη η προσφυγή. ΑΘΗΝΑΙ, 12.— Απερρίφθη η προσφυγή. ΑΘΗΝΑΙ, 12.— Απερρίφθη η προσφυγή. ΑΘΗΝΑΙ, 12.— Απερρίφθη η προσφυγή. ΑΘΗΝΑΙ, 12.— Απερρίφθη η προσφυγή. ΑΘΗΝΑΙ, 12.— Απερρίφθη η προσφυγή. ΑΘΗΝΑΙ, 12.— Απερρίφθη η προσφυγή. ΑΘΗΝΑΙ, 12.— Απε

ΕΙΔΙΚΑΙ ΕΚΠΑΙΔΕΥΣΕΙΣ ΣΤΕΛΕΧΩΝ ΥΠΑΙΘΡΟΥ ΔΙΑ ΤΗΝ ΧΑΛΚΙΔΙΚΗΝ

Κατόπιν αποφάσεως του νομάρχου Χαλκιδικής οργανούνται ειδικά εκπαιδευτικά προγράμματα. Κατόπιν αποφάσεως του νομάρχου Χαλκιδικής οργανούνται ειδικά εκπαιδευτικά προγράμματα. Κατόπιν αποφάσεως του νομάρχου Χαλκιδικής οργανούνται ειδικά εκπαιδευτικά προγράμματα. Κατόπιν αποφάσεως του νομάρχου Χαλκιδικής οργανούνται ειδικά εκπαιδευτικά προγράμματα. Κατόπιν αποφάσεως του νομάρχου Χαλκιδικής οργανούνται ειδικά εκπαιδευτικά προγράμματα. Κατόπιν αποφάσεως του νομάρχου Χαλκιδικής οργανούνται ειδικά εκπαιδευτικά προγράμματα. Κατόπιν αποφάσεως του νομάρχου Χαλκιδικής οργανούνται ειδικά εκπαιδευτικά προγράμματα. Κατόπιν αποφάσεως του νομάρχου Χαλκιδικής οργανούνται ειδικά εκπαιδευτικά προγράμματα. Κατόπιν αποφάσεως του νομάρχου Χαλκιδικής οργανούνται ειδικά εκπαιδευτικά προγράμματα. Κατόπιν αποφάσεως του νομάρχου Χαλκιδικής οργανούνται ειδικά εκπαιδευτικά προγράμματα. Κατόπιν αποφάσεως του νομάρχου Χαλκιδικής οργανούνται ειδικά εκπαιδευτικά προγράμματα. Κατόπιν αποφάσεως του νομάρχου Χαλκιδικής οργανούνται ειδικά εκπαιδευτικά προγράμματα. Κατόπιν αποφάσεως του νομάρχου Χαλκιδικής οργανούνται ειδικά εκπαιδευτικά προγράμματα. Κατόπιν αποφάσεως του νομάρχου Χαλκιδικής οργανούνται ειδικά εκπαιδευτικά προγράμματα. Κατόπιν αποφάσεως του νομάρχου Χαλκιδικής οργανούνται ειδικά εκπαιδευτικά προγράμματα. Κατόπιν αποφάσεως του νομάρχου Χαλκιδικής οργανούνται ειδικά εκπ

ΑΠΕΤΕΘΡΗΘΗ ΙΣΤΟΡΙΚΟΣ ΝΑΟΣ ΕΙΣ ΓΕΡΜΑΝΙΑΝ

ΑΝΤΖΕΛΕΣ, 12.— Απεκαλύφθη ιστορικός ναός. ΑΝΤΖΕΛΕΣ, 12.— Απεκαλύφθη ιστορικός ναός. ΑΝΤΖΕΛΕΣ, 12.— Απεκαλύφθη ιστορικός ναός. ΑΝΤΖΕΛΕΣ, 12.— Απεκαλύφθη ιστορικός ναός. ΑΝΤΖΕΛΕΣ, 12.— Απεκαλύφθη ιστορικός ναός. ΑΝΤΖΕΛΕΣ, 12.— Απεκαλύφθη ιστορικός ναός. ΑΝΤΖΕΛΕΣ, 12.— Απεκαλύφθη ιστορικός ναός. ΑΝΤΖΕΛΕΣ, 12.— Απεκαλύφθη ιστορικός ναός. ΑΝΤΖΕΛΕΣ, 12.— Απεκαλύφθη ιστορικός ναός. ΑΝΤΖΕΛΕΣ, 12.— Απεκαλύφθη ιστορικός ναός. ΑΝΤΖΕΛΕΣ, 12.— Απεκαλύφθη ιστορικός ναός. ΑΝΤΖΕΛΕΣ, 12.— Απεκαλύφθη ιστορικός ναός. ΑΝΤΖΕΛΕΣ, 12.— Απεκαλύφθη ιστορικός ναός. ΑΝΤΖΕΛΕΣ, 12.— Απεκαλύφθη ιστορικός ναός. ΑΝΤΖΕΛΕΣ, 12.— Απεκαλύφθη ιστορικός ναός. ΑΝΤΖΕΛΕΣ, 12.— Απεκαλύφθη ιστορικός ναός. ΑΝΤΖΕΛΕΣ, 12.— Απεκαλύφθη ιστορικός ναός. ΑΝΤΖΕΛΕΣ, 12.— Απεκαλύφθη ιστορικός ναός. ΑΝΤΖΕΛΕΣ, 12.— Απεκαλύφθη ιστορικός ναός. ΑΝΤΖΕΛΕΣ, 12.— Απεκαλύφθη ιστορικός ναός. ΑΝΤΖΕΛΕΣ, 12.— Απεκαλύφθη ιστορικός ναός. ΑΝΤΖΕΛΕΣ, 12.— Απεκαλύφθη ιστορικός ναός. ΑΝΤΖΕΛΕΣ, 12.— Απεκαλύφθη ιστορικός ναός. ΑΝΤΖΕΛΕΣ, 12.— Απεκαλύφθη ιστορικός να

Η ΝΕΑ ΠΟΛΙΤΙΚΗ ΤΗΣ ΟΥΑΣΙΓΚΤΩΝ ΔΙΑ ΤΗΝ ΑΦΡΙΚΗΝ

ΟΥΑΣΙΓΚΤΩΝ, 12.— Η νέα πολιτική διά την Αφρικήν. ΟΥΑΣΙΓΚΤΩΝ, 12.— Η νέα πολιτική διά την Αφρικήν. ΟΥΑΣΙΓΚΤΩΝ, 12.— Η νέα πολιτική διά την Αφρικήν. ΟΥΑΣΙΓΚΤΩΝ, 12.— Η νέα πολιτική διά την Αφρικήν. ΟΥΑΣΙΓΚΤΩΝ, 12.— Η νέα πολιτική διά την Αφρικήν. ΟΥΑΣΙΓΚΤΩΝ, 12.— Η νέα πολιτική διά την Αφρικήν. ΟΥΑΣΙΓΚΤΩΝ, 12.— Η νέα πολιτική διά την Αφρικήν. ΟΥΑΣΙΓΚΤΩΝ, 12.— Η νέα πολιτική διά την Αφρικήν. ΟΥΑΣΙΓΚΤΩΝ, 12.— Η νέα πολιτική διά την Αφρικήν. ΟΥΑΣΙΓΚΤΩΝ, 12.— Η νέα πολιτική διά την Αφρικήν. ΟΥΑΣΙΓΚΤΩΝ, 12.— Η νέα πολιτική διά την Αφρικήν. ΟΥΑΣΙΓΚΤ

ΖΩΓΡΑΦΟΣ ΑΦΗΚΕ ΠΕΡΙΟΥΣΙΑΝ 1.000.000 ΔΟΛΛΑΡΙΩΝ

ΝΕΑ ΥΟΡΚΗ, 12.— Ο ζωγράφος άφησε περιουσίαν. ΝΕΑ ΥΟΡΚΗ, 12.— Ο ζωγράφος άφησε περιουσίαν. ΝΕΑ ΥΟΡΚΗ, 12.— Ο ζωγράφος άφησε περιουσίαν. ΝΕΑ ΥΟΡΚΗ, 12.— Ο ζωγράφος άφησε περιουσίαν. ΝΕΑ ΥΟΡΚΗ, 12.— Ο ζωγράφος άφησε περιουσίαν. ΝΕΑ ΥΟΡΚΗ, 12.— Ο ζωγράφος άφησε περιουσίαν. ΝΕΑ ΥΟΡΚΗ, 12.— Ο ζωγράφος άφησε περιουσίαν. ΝΕΑ ΥΟΡΚΗ, 12.— Ο ζωγράφος άφησε περιουσίαν. ΝΕΑ ΥΟΡΚΗ, 12.— Ο ζωγράφος άφησε περιουσίαν. ΝΕΑ ΥΟΡΚΗ, 12.— Ο ζωγράφος άφησε περιουσίαν. ΝΕΑ ΥΟΡΚΗ, 12.— Ο ζωγράφος άφησε περιουσίαν. ΝΕΑ ΥΟΡΚΗ, 12.— Ο ζωγράφος άφησε περιουσίαν. ΝΕΑ ΥΟΡ

ΟΙ ΑΠΟΚΑΤΑΣΤΑΘΕΝΤΕΣ ΥΠΑΛΛΗΛΟΙ ΤΑΜΕΙΩΝ

ΑΘΗΝΑΙ, 12.— Οι αποκατασταθέντες υπάλληλοι. ΑΘΗΝΑΙ, 12.— Οι αποκατασταθέντες υπάλληλοι. ΑΘΗΝΑΙ, 12.— Οι αποκατασταθέντες υπάλληλοι. ΑΘΗΝΑΙ, 12.— Οι αποκατασταθέντες υπάλληλοι. ΑΘΗΝΑΙ, 12.— Οι αποκατασταθέντες υπάλληλοι. ΑΘΗΝΑΙ, 12.— Οι αποκατασταθέντες υπάλληλοι. ΑΘΗΝΑΙ, 12.— Οι αποκατασταθέντες υπάλληλοι. ΑΘΗΝΑΙ, 12.— Οι αποκατασταθέντες υπάλληλοι. ΑΘΗΝΑΙ, 12.— Οι αποκατασταθέντες υπάλληλοι. ΑΘΗΝΑΙ, 12.— Οι αποκατασταθέντες υπάλληλοι. ΑΘΗΝΑΙ, 12.— Οι αποκατασταθέντες υπάλληλοι. ΑΘΗΝΑΙ, 12.— Οι αποκατασταθέντες υπάλληλοι. ΑΘΗΝΑΙ, 12.— Οι απο

ΝΕΟΝ ΣΥΜΒΟΥΛΙΟΝ ΤΩΝ ΛΙΒΑΔΙΩΝ

ΛΑΡΙΣΑ, 12.— Συνεστήθη νέον συμβούλιον. ΛΑΡΙΣΑ, 12.— Συνεστήθη νέον συμβούλιον. ΛΑΡΙΣΑ, 12.— Συνεστήθη νέον συμβούλιον. ΛΑΡΙΣΑ, 12.— Συνεστήθη νέον συμβούλιον. ΛΑΡΙΣΑ, 12.— Συνεστήθη νέον συμβούλιον. ΛΑΡΙΣΑ, 12.— Συνεστήθη νέον συμβούλιον. ΛΑΡΙΣΑ, 12.— Συνεστήθη νέον συμβούλιον. ΛΑΡΙΣΑ, 12.— Συνεστήθη νέον συμβούλιον. ΛΑΡΙΣΑ, 12.— Συνεστήθη νέον συμβούλιον. ΛΑΡΙΣΑ, 12.— Συνεστήθη νέον συμβούλιον. ΛΑΡΙΣΑ, 12.— Συνεστήθη νέον συμβούλιον. ΛΑΡΙΣΑ, 12.— Συν

ΤΟ ΝΕΟΝ ΣΥΜΒΟΥΛΙΟΝ ΦΟΡΤΟΕΚΦΟΡΤΩΤΩΝ

ΑΘΗΝΑΙ, 12.— Εξελέγη το νέον συμβούλιον. ΑΘΗΝΑΙ, 12.— Εξελέγη το νέον συμβούλιον. ΑΘΗΝΑΙ, 12.— Εξελέγη το νέον συμβούλιον. ΑΘΗΝΑΙ, 12.— Εξελέγη το νέον συμβούλιον. ΑΘΗΝΑΙ, 12.— Εξελέγη το νέον συμβούλιον. ΑΘΗΝΑΙ, 12.— Εξελέγη το νέον συμβούλιον. ΑΘΗΝΑΙ, 12.— Εξελέγη το νέον συμβούλιον. ΑΘΗΝΑΙ, 12.— Εξελέγη το νέον συμβούλιον. ΑΘΗΝΑΙ, 12.— Εξελέγη το νέον συμβούλιον. ΑΘΗΝΑΙ, 12.— Εξελέγη το νέον συμβούλιον. ΑΘΗΝΑΙ, 12.— Εξελέγη το νέον συμβούλιον. ΑΘΗΝΑΙ, 12.— Εξελέγη το νέον συμβούλιον. ΑΘΗΝΑΙ, 12.— Εξελέγη το νέον συμβούλιον. ΑΘΗΝΑΙ, 12.— Εξελέγη το νέον συμβούλιον. ΑΘΗΝΑΙ, 12.— Εξελέγη το νέον συμβούλιον. ΑΘΗΝΑΙ, 12.— Εξελέγη το

ΠΡΟΣΩΠΟΓΡΑΦΙΑ ΤΗΣ ΤΖΑΚΥ ΑΡΤΙ ΦΙΛΟΤΕΧΝΗΘΕΙΣΑ ΚΑΙ ΠΡΟΩΡΙΣΜΕΝΗ ΔΙΑ ΤΟΝ ΛΕΥΚΟΝ ΟΙΚΟΝ ΙΣΩΣ ΤΟΠΟΘΕΤΗΘΗ ΤΕΛΙΚΩΣ ΕΙΣ ΤΗΝ ΑΠΟΘΗΚΗΝ ΤΟΥ

ΟΥΑΣΙΓΚΤΩΝ, 12.— Η προσωπογραφία της Τζάκυ, άρτι φιλοτεχνηθείσα και προωρισμένη διά τον Λευκόν Οίκον, ίσως τοποθετηθή τελικώς εις την αποθήκην του. ΟΥΑΣΙΓΚΤΩΝ, 12.— Η προσωπογραφία της Τζάκυ, άρτι φιλοτεχνηθείσα και προωρισμένη διά τον Λευκόν Οίκον, ίσως τοποθετηθή τελικώς εις την αποθήκην του. ΟΥΑΣΙΓΚΤΩΝ, 12.— Η προσωπογραφία της Τζάκυ, άρτι φιλοτεχνηθείσα και προωρισμένη διά τον Λευκόν Οίκον, ίσως τοποθετηθή τελικώς εις την αποθήκην του. ΟΥΑΣΙΓΚΤΩΝ, 12.— Η προσωπογραφία της Τζάκυ, άρτι φιλοτεχνηθείσα και προωρισμένη διά τον Λευκόν Οίκον, ίσως τοποθετηθή τελικώς εις την αποθήκην του. ΟΥΑΣΙΓΚΤΩΝ, 12.— Η προσωπογραφία της Τζάκυ, άρτι φιλοτεχνηθείσα και προωρισμένη διά τον Λευκόν Οίκον, ίσως τοποθετηθή τελικώς εις την αποθήκην του. ΟΥΑΣΙΓΚΤΩΝ, 12.— Η προσωπογραφία της Τζάκυ, άρτι φιλοτεχνηθείσα και προωρισμένη διά τον Λευκόν Οίκον, ίσως τοποθετηθή τελικώς εις την αποθήκην του. ΟΥΑΣΙΓΚΤΩΝ, 12.— Η προσωπογραφία της Τζάκυ, άρτι φιλοτεχνηθείσα και προωρισμένη διά τον Λευκόν Οίκον, ίσως τοποθετηθή τελικώς εις την αποθήκην του. ΟΥΑΣΙΓΚΤΩΝ, 12.— Η προσωπογραφία της Τζάκυ, άρτι φιλοτεχνηθείσα και προωρισμένη διά τον Λευκόν Οίκον, ίσως τοποθετηθή τελικώς εις την αποθήκην του. ΟΥΑΣΙΓΚΤΩΝ, 12.— Η προσωπογραφία της Τζάκυ, άρτι φιλοτεχνηθείσα και προωρισμένη διά τον Λευκόν Οίκον, ίσως τοποθετηθή τελικώς εις την αποθήκην του. ΟΥΑΣΙΓΚΤΩΝ, 12.— Η προσωπογραφία της Τζάκυ, άρτι φιλοτεχνηθείσα και προωρισμένη διά τον Λευκόν Οίκον, ίσως τοποθετηθή τελικώς εις την αποθήκην του. ΟΥΑΣΙΓΚΤΩΝ, 12.— Η προσωπογραφία της Τζάκυ, άρτι φιλοτεχνηθείσα και προωρισμένη διά τον Λευκόν Οίκον, ίσως τοποθετηθή τελικώς εις την αποθήκην του. ΟΥΑΣΙΓΚΤΩΝ, 12.— Η προσωπογραφία της Τζάκυ, άρτι φιλοτεχνηθείσα και προωρισμένη διά τον Λευκόν Οίκον, ίσως τοποθετηθή τελικώς εις την αποθήκην του. ΟΥΑΣΙΓΚΤΩΝ, 12.— Η προσωπογραφία της Τζάκυ, άρτι φιλοτεχνηθείσα και προωρισμένη διά τον Λευκόν Οίκον, ίσως τοποθετηθή τελικώς εις την αποθήκην του. ΟΥΑΣΙΓΚΤΩΝ, 12.— Η προσωπογραφία της Τζάκυ, άρτι φιλοτεχνηθείσα και προωρισμένη διά τον Λευκόν Οίκον, ίσως τοποθετηθή τελικώς εις την αποθήκην του. ΟΥΑΣΙΓΚΤΩΝ, 12.— Η προσωπογραφία της Τζάκυ, άρτι φιλοτεχνηθείσα και προωρισμένη διά τον Λευκόν Οίκον, ίσως τοποθετηθή τελικώς εις την αποθήκην του. ΟΥΑΣΙΓΚΤΩΝ, 12.— Η προσωπογραφία της Τζάκυ, άρτι φιλοτεχνηθείσα και προωρισμένη διά τον Λευκόν Οίκον, ίσως τοποθετηθή τελικώς εις την αποθήκην του. ΟΥΑΣΙΓΚΤΩΝ, 12.— Η προσωπογραφία της Τζάκυ, άρτι φιλοτεχνηθείσα και προωρισμένη διά τον Λευκόν Οίκον, ίσως τοποθετηθή τελικώς εις την αποθήκην του. ΟΥΑΣΙΓΚΤΩΝ, 12.— Η προσωπογραφία της Τζάκυ, άρτι φιλοτεχνηθείσα και προωρισμένη διά τον Λευκόν Οίκον, ίσως τοποθετηθή τελικώς εις την αποθήκην του. ΟΥΑΣΙΓΚΤΩΝ, 12.— Η προσωπογραφία της Τζάκυ, άρτι φιλοτεχνηθείσα και προωρισμένη διά τον Λευκόν Οίκον, ίσως τοποθετηθή τελικώς εις την αποθήκην του. ΟΥΑΣΙΓΚΤΩΝ, 12.— Η προσωπογραφία της Τζάκυ, άρτι φιλοτεχνηθείσα και προωρισμένη διά τον Λευκόν Οίκον, ίσως τοποθετηθή τελικώς εις την αποθήκην του. ΟΥΑΣΙΓΚΤΩΝ, 12.— Η προσωπογραφία της Τζάκυ, άρτι φιλοτεχνηθείσα και προωρισμένη διά τον Λευκόν Οίκον, ίσως τοποθετηθή τελικώς εις την αποθήκην του. ΟΥΑΣΙΓΚΤΩΝ, 12.— Η προσωπογραφία της Τζάκυ, άρτι φιλοτεχνηθείσα και προωρισμένη διά τον Λευκόν Οίκον, ίσως τοποθετηθή τελικώς εις την αποθήκην του. ΟΥΑΣΙΓΚΤΩΝ, 12.— Η προσωπογραφία της Τζάκυ, άρτι φιλοτεχνηθείσα και προωρισμένη διά τον Λευκόν Οίκον, ίσως τοποθετηθή τελικώς εις την αποθήκην του. ΟΥΑΣΙΓΚΤΩΝ, 12.— Η προσωπογραφία της Τζάκυ, άρτι φιλοτεχνηθείσα και προωρι

ΜΑΤΑΙΟΥΤΑΙ ΤΟ «ΦΕΣΤΙΒΑΛ ΕΙΡΗΝΗΣ» ΤΟΥ ΛΕΝΝΟΝ ΔΙΟΤΙ ΑΙ ΑΡΧΑΙ ΘΕΛΟΥΝ ΝΑ ΒΑΛΟΥΝ ΚΑΙ ΕΙΣΙΤΗΡΙΟΝ

ΛΟΣ ΑΝΤΖΕΛΕΣ, 12.— Ματαιούται το «Φεστιβάλ Ειρήνης» του Λέννον. ΛΟΣ ΑΝΤΖΕΛΕΣ, 12.— Ματαιούται το «Φεστιβάλ Ειρήνης» του Λέννον. ΛΟΣ ΑΝΤΖΕΛΕΣ, 12.— Ματαιούται το «Φεστιβάλ Ειρήνης» του Λέννον. ΛΟΣ ΑΝΤΖΕΛΕΣ, 12.— Ματαιούται το «Φεστιβάλ Ειρήνης» του Λέννον. ΛΟΣ ΑΝΤΖΕΛΕΣ, 12.— Ματαιούται το «Φεστιβάλ Ειρήνης» του Λέννον. ΛΟΣ ΑΝΤΖΕΛΕΣ, 12.— Ματαιούται το «Φεστιβάλ Ειρήνης» του Λέννον. ΛΟΣ ΑΝΤΖΕΛΕΣ, 12.— Ματαιούται το «Φεστιβάλ Ειρήνης» του Λέννον. ΛΟΣ ΑΝΤΖΕΛΕΣ, 12.— Ματαιούται το «Φεστιβάλ Ειρήνης» του Λέννον. ΛΟΣ ΑΝΤΖΕΛΕΣ, 12.— Ματαιούται το «Φεστιβάλ Ειρήνης» του Λέννον. ΛΟΣ ΑΝΤΖΕΛΕΣ, 12.— Ματαιούται το «Φεστιβάλ Ειρήνης» του Λέννον. ΛΟΣ ΑΝΤΖΕΛΕΣ, 12.— Ματαιούται το «Φεστιβάλ Ειρήνης» του Λέννον. ΛΟΣ ΑΝΤΖΕΛΕΣ, 12.— Ματαιούται το «Φεστιβάλ Ειρήνης» του Λέννον. ΛΟΣ ΑΝΤΖΕΛΕΣ, 12.— Ματαιούται το «Φεστιβάλ Ειρήνης» του Λέννον. ΛΟΣ ΑΝΤΖΕΛΕΣ, 12.— Ματαιούται το «Φεστιβάλ Ειρήνης» του Λέννον. ΛΟΣ ΑΝΤΖΕΛΕΣ, 12.— Ματαιούται το «Φεστιβάλ Ειρήνης» του Λέννον. ΛΟΣ ΑΝΤΖΕΛΕΣ, 12.— Ματαιούται το «Φεστιβάλ Ειρήνης» του Λέννον. ΛΟΣ ΑΝΤΖΕΛΕΣ, 12.— Ματαιούται το «Φεστιβάλ Ειρήνης» του Λέννον. ΛΟΣ ΑΝΤΖΕΛΕΣ, 12.— Ματαιούται το «Φεστιβάλ Ειρήνης» του Λέννον. ΛΟΣ ΑΝΤΖΕΛΕΣ, 12.— Ματαιούται το «Φεστιβάλ Ειρήνης» του Λέννον. ΛΟΣ ΑΝΤΖΕΛΕΣ, 12.— Ματαιούται το «Φεστιβάλ Ειρήνης» του Λέννον. ΛΟΣ ΑΝΤΖΕΛΕΣ, 12.— Ματαιούται το «Φεστιβάλ Ειρήνης» του Λέννον. ΛΟΣ ΑΝΤΖΕΛΕΣ, 12.— Ματαιούται το «Φεστιβάλ Ειρήνης» του Λέννον. ΛΟΣ ΑΝΤΖΕΛΕΣ, 12.— Ματαιούται το «Φεστιβάλ Ειρήνης» του Λέννον. ΛΟΣ ΑΝΤΖΕΛΕΣ, 12.— Ματαιούται το «Φεστιβάλ Ειρήνης» του Λέννον. ΛΟΣ ΑΝΤΖΕΛΕΣ, 12.— Ματαιούται το «Φεστιβάλ Ειρήνης» του Λέννον. ΛΟΣ ΑΝΤΖΕΛΕΣ, 12.— Ματαιούται το «Φεστιβάλ Ειρήνης» του Λέννον. ΛΟΣ ΑΝΤΖΕΛΕΣ, 12.— Ματαιούται το «Φεστιβάλ Ειρήνης» του Λέννον. ΛΟΣ ΑΝΤΖΕΛΕΣ, 12.— Ματαιούται το «Φεστιβάλ Ειρήνης» του Λέννον. ΛΟΣ ΑΝΤΖΕΛΕΣ, 12.— Ματαιούται το «Φεστιβάλ Ειρήνης» του Λέννον. ΛΟΣ ΑΝΤΖΕΛΕΣ, 12.— Ματαιούται το «Φεστιβάλ Ειρήνης» του Λέννον. ΛΟΣ ΑΝΤΖΕΛΕΣ, 12.— Ματαιούται το «Φεστιβάλ Ειρήνης» του Λέννον. ΛΟΣ ΑΝΤΖΕΛΕΣ, 12.— Ματαιούται το «Φεστιβάλ Ειρήνης» του Λέννον. ΛΟΣ ΑΝΤΖΕΛΕΣ, 12.— Ματαιούται το «Φεστιβάλ Ειρήνης» του Λέννον. ΛΟΣ ΑΝΤΖΕΛΕΣ, 12.— Ματαιούται το «Φεστιβάλ Ειρήνης» του Λέννον. ΛΟΣ ΑΝΤΖΕΛΕΣ, 12.— Ματαιούται το «Φεστιβάλ Ειρήνης» του Λέννον. ΛΟΣ ΑΝΤΖΕΛΕΣ, 12.— Μ

Ο ΠΤΕΡΑΡΧΟΣ ΧΟΛΖΑΠΑ ΕΠΕΣΚΕΦΘΗ ΤΟΝ ΠΡΩΘΥΠΟΥΡΓΟΝ ΚΑΙ ΤΗΝ ΗΓΕΣΙΑΝ ΤΩΝ ΕΛΛΗΝΙΚΩΝ ΕΝΟΠΛΩΝ ΔΥΝΑΜΕΩΝ

ΑΘΗΝΑΙ, 12.— Ο πτέραρχος επεσκέφθη τον πρωθυπουργόν. ΑΘΗΝΑΙ, 12.— Ο πτέραρχος επεσκέφθη τον πρωθυπουργόν. ΑΘΗΝΑΙ, 12.— Ο πτέραρχος επεσκέφθη τον πρωθυπουργόν. ΑΘΗΝΑΙ, 12.— Ο πτέραρχος επεσκέφθη τον πρωθυπουργόν. ΑΘΗΝΑΙ, 12.— Ο πτέραρχος επεσκέφθη τον πρωθυπουργόν. ΑΘΗΝΑΙ, 12.— Ο πτέραρχος επεσκέφθη τον πρωθυπουργόν. ΑΘΗΝΑΙ, 12.— Ο πτέραρχος επεσκέφθη τον πρωθυπουργόν. ΑΘΗΝΑΙ, 12.— Ο πτέραρχος επεσκέφθη τον πρωθυπουργόν. ΑΘΗΝΑΙ, 12.— Ο πτέραρχος επεσκέφθη τον πρωθυπουργόν. ΑΘΗΝΑΙ, 12.— Ο πτέραρχος επεσκέφθη τον πρωθυπουργόν. ΑΘΗΝΑΙ, 12.— Ο πτέραρχος επεσκέφθη τον πρωθυπουργόν. ΑΘΗΝΑΙ, 12.— Ο πτέραρχος επεσκέφθη τον πρωθυπουργόν. ΑΘΗΝΑΙ, 12.— Ο πτέραρχος επεσκέφθη τον πρωθυπουργόν. ΑΘΗΝΑΙ, 12.— Ο πτέραρχος επεσκέφθη τον πρωθυπουργόν. ΑΘΗΝΑΙ, 12.— Ο πτέραρχος επεσκέφθη τον πρωθυπουργόν. ΑΘΗΝΑΙ, 12.— Ο πτέραρχος επεσκέφθη τον πρωθυπουργόν. ΑΘΗΝΑΙ, 12.— Ο πτέραρχος επεσκέφθη τον πρωθυπουργόν. ΑΘΗΝΑΙ, 12.— Ο πτέραρχος επεσκέφθη τον πρωθυπουργόν. ΑΘΗΝΑΙ, 12.— Ο πτέραρχος επεσκέφθη τον πρωθυπουργόν. ΑΘΗΝΑΙ, 12.— Ο πτέραρχος επεσκέφθη τον πρωθυπουργόν. ΑΘΗΝΑΙ, 12.— Ο πτέραρχος επεσκέφθη τον πρωθυπουργόν. ΑΘΗΝΑΙ, 12.— Ο πτέραρχος επεσκέφθη τον πρωθυπουργόν. ΑΘΗΝΑΙ, 12.— Ο πτέραρχος επεσκέφθη τον πρωθυπουργόν. ΑΘΗΝΑΙ, 12.— Ο πτέραρχος επεσκέφθη τον πρωθυπουργόν. ΑΘΗΝΑΙ, 12.— Ο πτέραρχος επεσκέφθη τον πρωθυπουργόν. ΑΘΗΝΑΙ, 12.— Ο πτέραρχος επεσκέφθη τον πρωθυπουργόν. ΑΘΗΝΑΙ, 12.— Ο πτέραρχος επεσκέφθη τον πρωθυπουργόν. ΑΘΗΝΑΙ, 12.— Ο πτέραρχος επεσκέφθη τον πρωθυπουργόν. ΑΘΗΝΑΙ, 12.— Ο πτέραρχος επεσκέφθη τον πρωθυπουργόν. ΑΘΗΝΑΙ, 12.— Ο πτέραρχος επεσκέφθη τον πρωθυπουργόν. ΑΘΗΝΑΙ, 12.— Ο πτέραρχος επεσκέφθη τον πρωθυπουργόν. ΑΘΗΝΑΙ, 12.— Ο πτέραρχος επεσκέφθη τον πρωθυπουργόν. ΑΘΗΝΑΙ, 12.— Ο πτέραρχος επεσκέφθη τον πρωθυπουργόν. ΑΘΗΝΑΙ, 12.— Ο πτέραρχος επεσκέφθη τον πρωθυπουργόν. ΑΘΗΝΑΙ, 12.— Ο πτέραρχος επεσκέφθη τον πρωθυπουργόν. ΑΘΗΝΑΙ, 12.— Ο πτέραρχος επεσκέφθη τον πρωθυπουργόν. ΑΘΗΝΑΙ, 12.— Ο πτέραρχος επεσκέφθη τον πρωθυπουργόν. ΑΘΗΝΑΙ, 12.— Ο πτέραρχος επεσκέφθη τον πρωθυπουργόν. ΑΘΗΝΑΙ, 12.— Ο πτέραρχος επεσκέφθη τον πρωθυπουργόν. ΑΘΗΝΑΙ, 12.— Ο πτέραρχος επεσκέφθη τον πρωθυπουργόν. ΑΘΗΝΑΙ, 12.— Ο πτέραρχος επεσκέφθη τον πρωθυπουργόν. ΑΘΗΝΑΙ, 12.— Ο πτέραρχος επεσκέφθη τον πρωθυπουργόν. ΑΘΗΝΑΙ, 12.— Ο πτέραρχος επεσκέφθη τον πρωθυπουργόν. ΑΘΗΝΑΙ, 12.— Ο πτέραρχος επεσκέφθη τον πρωθυπουργόν. ΑΘΗΝΑΙ, 12.— Ο πτέραρχος επεσκέφθη τον πρωθυπουργόν. ΑΘΗΝΑΙ, 12.— Ο πτέραρχος επεσκέφθη τον πρωθυπουργ

ΚΑΙ ΟΙ ΕΒΡΑΙΟΙ ΤΗΣ ΛΕΤΤΟΝΙΑΣ ΖΗΤΟΥΝ ΝΑ ΜΕΤΑΝΑΣΤΕΥΣΟΥΝ ΕΙΣ ΤΗΝ ΠΑΛΑΙΣΤΙΝΗΝ

ΛΟΝΔΙΝΟΝ, 12.— Και οι Εβραίοι της Λεττονίας ζητούν να μεταναστεύσουν. ΛΟΝΔΙΝΟΝ, 12.— Και οι Εβραίοι της Λεττονίας ζητούν να μεταναστεύσουν. ΛΟΝΔΙΝΟΝ, 12.— Και οι Εβραίοι της Λεττονίας ζητούν να μεταναστεύσουν. ΛΟΝΔΙΝΟΝ, 12.— Και οι Εβραίοι της Λεττονίας ζητούν να μεταναστεύσουν. ΛΟΝΔΙΝΟΝ, 12.— Και οι Εβραίοι της Λεττονίας ζητούν να μεταναστεύσουν. ΛΟΝΔΙΝΟΝ, 12.— Και οι Εβραίοι της Λεττονίας ζητούν να μεταναστεύσουν. ΛΟΝΔΙΝΟΝ, 12.— Και οι Εβραίοι της Λεττονίας ζητούν να μεταναστεύσουν. ΛΟΝΔΙΝΟΝ, 12.— Και οι Εβραίοι της Λεττονίας ζητούν να μεταναστεύσουν. ΛΟΝΔΙΝΟΝ, 12.— Και οι Εβραίοι της Λεττονίας ζητούν να μεταναστεύσουν. ΛΟΝΔΙΝΟΝ, 12.— Και οι Εβραίοι της Λεττονίας ζητούν να μεταναστεύσουν. ΛΟΝΔΙΝΟΝ, 12.— Και οι Εβραίοι της Λεττονίας ζητούν να μεταναστεύσουν. ΛΟΝΔΙΝΟΝ, 12.— Και οι Εβραίοι της Λεττονίας ζητούν να μεταναστεύσουν. ΛΟΝΔΙΝΟΝ, 12.— Και οι Εβραίοι της Λεττονίας ζητούν να μεταναστεύσουν. ΛΟΝΔΙΝΟΝ, 12.— Και οι Εβραίοι της Λεττονίας ζητούν να μεταναστεύσουν. ΛΟΝΔΙΝΟΝ, 12.— Και οι Εβραίοι της Λεττονίας ζητούν να μεταναστεύσουν. ΛΟΝΔΙΝΟΝ, 12.— Και οι Εβραίοι της Λεττονίας ζητούν να μεταναστεύσουν. ΛΟΝΔΙΝΟΝ, 12.— Και οι Εβραίοι της Λεττονίας ζητούν να μεταναστεύσουν. ΛΟΝΔΙΝΟΝ, 12.— Και οι Εβραίοι της Λεττονίας ζητούν να μεταναστεύσουν. ΛΟΝΔΙΝΟΝ, 12.— Και οι Εβραίοι της Λεττονίας ζητούν να μεταναστεύσουν. ΛΟΝΔΙΝΟΝ, 12.— Και οι Εβραίοι της Λεττονίας ζητούν να μεταναστεύσουν. ΛΟΝΔΙΝΟΝ, 12.— Και οι Εβραίοι της Λεττονίας ζητούν να μεταναστεύσουν. ΛΟΝΔΙΝΟΝ, 12.— Και οι Εβραίοι της Λεττονίας ζητούν να μεταναστεύσουν. ΛΟΝΔΙΝΟΝ, 12.— Και οι Εβραίοι της Λεττονίας ζητούν να μεταναστεύσουν. ΛΟΝΔΙΝΟΝ, 12.— Και οι Εβραίοι της Λεττονίας ζητούν να μεταναστεύσουν. ΛΟΝΔΙΝΟΝ, 12.— Και οι Εβραίοι της Λεττονίας ζητούν να μεταναστεύσουν. ΛΟΝΔΙΝΟΝ, 12.— Και οι Εβραίοι της Λεττονίας ζητούν να μεταναστεύσουν. ΛΟΝΔΙΝΟΝ, 12.— Και οι Εβραίοι της Λεττονίας ζητούν να μεταναστεύσουν. ΛΟΝΔΙΝΟΝ, 12.— Και οι Εβραίοι της Λεττονίας ζητούν να μεταναστεύσουν. ΛΟΝΔΙΝΟΝ, 12.— Και οι Εβραίοι της Λεττονίας ζητούν να μεταναστεύσουν. ΛΟΝΔΙΝΟΝ, 12.— Και οι Εβραίοι της Λεττονίας ζητούν να μεταναστεύσουν. ΛΟΝΔΙΝΟΝ, 12.— Και οι Εβραίοι της Λεττονίας ζητούν να μεταναστεύσουν. ΛΟΝΔΙΝΟΝ, 12.— Και οι Εβραίοι της Λεττονίας ζητούν να μεταναστεύσουν. ΛΟΝΔΙΝΟΝ, 12.— Και οι Εβραίοι της Λεττονίας ζητούν να μεταναστεύσουν. ΛΟΝΔΙΝΟΝ, 12.— Και οι Εβραίοι της Λεττονίας ζητούν να μεταναστεύσουν. ΛΟΝΔΙΝΟΝ, 12.— Και οι Εβραίοι της Λεττονίας ζητούν να μεταναστεύσουν. ΛΟΝΔΙΝΟΝ, 12.— Και οι Εβραίοι της Λεττονίας ζητούν να μεταναστεύσουν. ΛΟΝΔΙΝΟΝ, 12.— Και οι Εβραίοι της Λεττονίας ζητούν να μεταναστεύσουν. ΛΟΝΔΙΝΟΝ, 12.— Και οι Εβραίοι της Λεττονίας ζητούν να μεταναστεύσουν. ΛΟΝΔΙΝΟΝ, 12.— Και οι Εβραίοι της Λεττονίας ζητούν να μεταναστεύσουν. ΛΟΝΔΙΝΟΝ, 12.— Και οι Εβραίοι της Λεττονίας ζητούν να μεταναστεύσουν. ΛΟΝΔΙΝΟΝ, 12.— Και οι Εβραίοι της Λεττονίας ζητούν να μεταναστεύσουν. ΛΟΝΔΙΝΟΝ, 12.— Και οι Εβραίοι της Λεττονίας ζητούν να μεταναστεύσουν. ΛΟΝΔΙΝΟΝ, 12.— Κ

ΠΑΝΗΓΥΡΙΚΑΙ ΕΚΔΗΛΩΣΕΙΣ ΕΙΣ ΤΗΝ ΒΑΓΔΑΤΗΝ ΕΠ' ΕΥΚΑΙΡΙΑ ΣΥΜΦΩΝΙΑΣ ΜΕ ΤΟΥΣ ΚΟΥΡΔΟΥΣ

ΔΑΜΑΣΚΟΣ, 12.— Πανηγυρικαί εκδηλώσεις εις την Βαγδάτην. ΔΑΜΑΣΚΟΣ, 12.— Πανηγυρικαί εκδηλώσεις εις την Βαγδάτην. ΔΑΜΑΣΚΟΣ, 12.— Πανηγυρικαί εκδηλώσεις εις την Βαγδάτην. ΔΑΜΑΣΚΟΣ, 12.— Πανηγυρικαί εκδηλώσεις εις την Βαγδάτην. ΔΑΜΑΣΚΟΣ, 12.— Πανηγυρικαί εκδηλώσεις εις την Βαγδάτην. ΔΑΜΑΣΚΟΣ, 12.— Πανηγυρικαί εκδηλώσεις εις την Βαγδάτην. ΔΑΜΑΣΚΟΣ, 12.— Πανηγυρικαί εκδηλώσεις εις την Βαγδάτην. ΔΑΜΑΣΚΟΣ, 12.— Πανηγυρικαί εκδηλώσεις εις την Βαγδάτην. ΔΑΜΑΣΚΟΣ, 12.— Πανηγυρικαί εκδηλώσεις εις την Βαγδάτην. ΔΑΜΑΣΚΟΣ, 12.— Πανηγυρικαί εκδηλώσεις εις την Βαγδάτην. ΔΑΜΑΣΚΟΣ, 12.— Πανηγυρικαί εκδηλώσεις εις την Βαγδάτην. ΔΑΜΑΣΚΟΣ, 12.— Πανηγυρικαί εκδηλώσεις εις την Βαγδάτην. ΔΑΜΑΣΚΟΣ, 12.— Πανηγυρικαί εκδηλώσεις εις την Βαγδάτην. ΔΑΜΑΣΚΟΣ, 12.— Πανηγυρικαί εκδηλώσεις εις την Βαγδάτην. ΔΑΜΑΣΚΟΣ, 12.— Πανηγυρικαί εκδηλώσεις εις την Βαγδάτην. ΔΑΜΑΣΚΟΣ, 12.— Πανηγυρικαί εκδηλώσεις εις την Βαγδάτην. ΔΑΜΑΣΚΟΣ, 12.— Πανηγυρικαί εκδηλώσεις εις την Βαγδάτην. ΔΑΜΑΣΚΟΣ, 12.— Πανηγυρικαί εκδηλώσεις εις την Βαγδάτην. ΔΑΜΑΣΚΟΣ, 12.— Πανηγυρικαί εκδηλώσεις εις την Βαγδάτην. ΔΑΜΑΣΚΟΣ, 12.— Πανηγυρικαί εκδηλώσεις εις την Βαγδάτην. ΔΑΜΑΣΚΟΣ, 12.— Πανηγυρικαί εκδηλώσεις εις την Βαγδάτην. ΔΑΜΑΣΚΟΣ, 12.— Πανηγυρικαί εκδηλώσεις εις την Βαγδάτην. ΔΑΜΑΣΚΟΣ, 12.— Πανηγυρικαί εκδηλώσεις εις την Βαγδάτην. ΔΑΜΑΣΚΟΣ, 12.— Πανηγυρικαί εκδηλώσεις εις την Βαγδάτην. ΔΑΜΑΣΚΟΣ, 12.— Πανηγυρικαί εκδηλώσεις εις την Βαγδάτην. ΔΑΜΑΣΚΟΣ, 12.— Πανηγυρικαί εκδηλώσεις εις την Βαγδάτην. ΔΑΜΑΣΚΟΣ, 12.— Πανηγυρικαί εκδηλώσεις εις την Βαγδάτην. ΔΑΜΑΣΚΟΣ, 12.— Πανηγυρικαί εκδηλώσεις εις την Βαγδάτην. ΔΑΜΑΣΚΟΣ, 12.— Πανηγυρικαί εκδηλώσεις εις την Βαγδάτην. ΔΑΜΑΣΚΟΣ, 12.— Πανηγυρικαί εκδηλώσεις εις την Βαγδάτην. ΔΑΜΑΣΚΟΣ, 12.— Πανηγυρικαί εκδηλώσεις εις την Βαγδάτην. ΔΑΜΑΣΚΟΣ, 12.— Πανηγυρικαί εκδηλώσεις εις την Βαγδάτην. ΔΑΜΑΣΚΟΣ, 12.— Πανηγυρικαί εκδηλώσεις εις την Βαγδάτην. ΔΑΜΑΣΚΟΣ, 12.— Πανηγυρικαί εκδηλώσεις εις την Βαγδάτην. ΔΑΜΑΣΚΟΣ, 12.— Πανηγυρικαί εκδηλώσεις εις την Βαγδάτην. ΔΑΜΑΣΚΟΣ, 12.— Πανηγυρικαί εκδηλώσεις εις την Βαγδάτην. ΔΑΜΑΣΚΟΣ, 12.— Πανηγυρικαί εκδηλώσεις εις την Βαγδάτην. ΔΑΜΑΣΚΟΣ, 12.— Πανηγυρικαί εκδηλώσεις εις την Βαγδάτην. ΔΑΜΑΣΚΟΣ, 12.— Πανηγυρικαί εκδηλώσεις εις την Βαγδάτην. ΔΑΜΑΣΚΟΣ, 12.— Πανηγυρικαί εκδηλώσεις εις την Βαγδάτην. ΔΑΜΑΣΚΟΣ, 12.— Πανηγυρικαί εκδηλώσεις εις την Βαγδάτην. ΔΑΜΑΣΚΟΣ, 12.— Πανηγυρικαί εκδηλώσεις εις την Βαγδάτην. ΔΑΜΑΣΚΟΣ, 12.— Πανηγυρικαί εκδηλώσεις εις την Βαγδάτην. ΔΑΜΑΣΚΟΣ, 12.— Πανηγυρικαί εκδηλώσεις εις την Βαγδάτην. ΔΑΜΑΣΚΟΣ, 12.— Πανηγυρικαί εκδηλώσεις εις την Βαγδάτην. ΔΑΜΑΣΚΟΣ, 12.— Πανηγυρικαί εκδηλώσεις εις την Βαγδάτην. ΔΑΜΑΣΚΟΣ, 12.— Πανηγυρικαί εκδηλώσεις εις την Βαγδάτην. ΔΑΜΑΣΚΟΣ, 12.— Πανηγυρικαί εκδηλώσεις εις την Βαγδάτην. ΔΑΜΑΣΚΟΣ, 12.— Πανηγυρικαί εκδηλώσεις εις την Βαγδάτην. ΔΑΜΑΣΚΟΣ, 12.— Πανηγυρικαί εκδηλώσεις εις την Βαγδάτην. ΔΑΜΑΣΚΟΣ, 12.— Πανηγυρικαί εκδηλώσεις εις την Βαγδάτην. ΔΑΜΑΣΚΟΣ, 12.— Πανηγυρικαί εκδηλώσεις εις την Βαγδάτην. ΔΑΜΑΣΚΟΣ, 12.— Πανηγυρικαί εκδηλώσεις εις την Βαγδάτην. ΔΑΜΑΣΚΟΣ, 12.— Πανηγυρικαί εκδηλώσεις εις την Βαγδάτην. ΔΑΜΑΣΚΟΣ, 12.— Πανηγυρικαί εκδηλώσεις εις την Βαγδάτην. ΔΑΜΑΣΚΟΣ, 12.— Πανηγυρικαί εκδηλώσεις εις την Βαγδάτην. ΔΑΜΑΣΚΟΣ, 12.— Πανηγυρικαί εκδηλώσεις εις την Βαγδάτην. ΔΑΜΑΣΚΟΣ, 12.— Πανηγυρικαί εκδηλώσεις εις την Βαγδάτην. ΔΑΜΑΣΚΟΣ, 12.— Πανηγυρικαί εκδηλώσεις εις την Βαγδάτην. ΔΑΜΑΣΚΟΣ, 12.— Πανηγυρικαί εκδηλώσεις εις την Βαγδάτην. ΔΑΜΑΣΚΟΣ, 12.— Πανηγυρικαί εκδηλώσεις εις την Βαγδάτην. ΔΑΜΑΣΚΟΣ, 12.— Πανηγυρικαί εκδηλώσεις εις την Βαγδάτην. ΔΑΜΑΣΚ

ΕΓΕΝΝΗΣΕ ΑΓΟΡΑΚΙ Η ΛΥΝΤΑ ΚΑΣΑΜΠΙΑΝ Η ΣΥΚΑΤΗΓΟΡΟΥΜΕΝΗ ΤΟΥ ΤΣΑΡΛΣ ΜΑΝΣΟΝ

ΛΟΣ ΑΝΤΖΕΛΕΣ, 12.— Εγέννησεν αγοράκι η Λύντα Κασάμπιαν. ΛΟΣ ΑΝΤΖΕΛΕΣ, 12.— Εγέννησεν αγοράκι η Λύντα Κασάμπιαν. ΛΟΣ ΑΝΤΖΕΛΕΣ, 12.— Εγέννησεν αγοράκι η Λύντα Κασάμπιαν. ΛΟΣ ΑΝΤΖΕΛΕΣ, 12.— Εγέννησεν αγοράκι η Λύντα Κασάμπιαν. ΛΟΣ ΑΝΤΖΕΛΕΣ, 12.— Εγέννησεν αγοράκι η Λύντα Κασάμπιαν. ΛΟΣ ΑΝΤΖΕΛΕΣ, 12.— Εγέννησεν αγοράκι η Λύντα Κασάμπιαν. ΛΟΣ ΑΝΤΖΕΛΕΣ, 12.— Εγέννησεν αγοράκι η Λύντα Κασάμπιαν. ΛΟΣ ΑΝΤΖΕΛΕΣ, 12.— Εγέννησεν αγοράκι η Λύντα Κασάμπιαν. ΛΟΣ ΑΝΤΖΕΛΕΣ, 12.— Εγέννησεν αγοράκι η Λύντα Κασάμπιαν. ΛΟΣ ΑΝΤΖΕΛΕΣ, 12.— Εγέννησεν αγοράκι η Λύντα Κασάμπιαν. ΛΟΣ ΑΝΤΖΕΛΕΣ, 12.— Εγέννησεν αγοράκι η Λύντα Κασάμπιαν. ΛΟΣ ΑΝΤΖΕΛΕΣ, 12.— Εγέννησεν αγοράκι η Λύντα Κασάμπιαν. ΛΟΣ ΑΝΤΖΕΛΕΣ, 12.— Εγέννησεν αγοράκι η Λύντα Κασάμπιαν. ΛΟΣ ΑΝΤΖΕΛΕΣ, 12.— Εγέννησεν αγοράκι η Λύντα Κασάμπιαν. ΛΟΣ ΑΝΤΖΕΛΕΣ, 12.— Εγέννησεν αγοράκι η Λύντα Κασάμπιαν. ΛΟΣ ΑΝΤΖΕΛΕΣ, 12.— Εγέννησεν αγοράκι η Λύντα Κασάμπιαν. ΛΟΣ ΑΝΤΖΕΛΕΣ, 12.— Εγέννησεν αγοράκι η Λύντα Κασάμπιαν. ΛΟΣ ΑΝΤΖΕΛΕΣ, 12.— Εγέννησεν αγοράκι η Λύντα Κασάμπιαν. ΛΟΣ ΑΝΤΖΕΛΕΣ, 12.— Εγέννησεν αγοράκι η Λύντα Κασάμπιαν. ΛΟΣ ΑΝΤΖΕΛΕΣ, 12.— Εγέννησεν αγοράκι η Λύντα Κασάμπιαν. ΛΟΣ ΑΝΤΖΕΛΕΣ, 12.— Εγέννησεν αγοράκι η Λύντα Κασάμπιαν. ΛΟΣ ΑΝΤΖΕΛΕΣ, 12.— Εγέννησεν αγοράκι η Λύντα Κασάμπιαν. ΛΟΣ ΑΝΤΖΕΛΕΣ, 12.— Εγέννησεν αγοράκι η Λύντα Κασάμπιαν. ΛΟΣ ΑΝΤΖΕΛΕΣ, 12.— Εγέννησεν αγοράκι η Λύντα Κασάμπιαν. ΛΟΣ ΑΝΤΖΕΛΕΣ, 12.— Εγέννησεν αγοράκι η Λύντα Κασάμπιαν. ΛΟΣ ΑΝΤΖΕΛΕΣ, 12.— Εγέννησεν αγοράκι η Λύντα Κασάμπιαν. ΛΟΣ ΑΝΤΖΕΛΕΣ, 12.— Εγέννησεν αγοράκι η Λύντα Κασάμπιαν. ΛΟΣ ΑΝΤΖΕΛΕΣ, 12.— Εγέννησεν αγοράκι η Λύντα Κασάμπιαν. ΛΟΣ ΑΝΤΖΕΛΕΣ, 12.— Εγέννησεν αγοράκι η Λύντα Κασάμπιαν. ΛΟΣ ΑΝΤΖΕΛΕΣ, 12.— Εγέννησεν αγοράκι η Λύντα Κασάμπιαν. ΛΟΣ ΑΝΤΖΕΛΕΣ, 12.— Εγέννησεν αγοράκι η Λύντα Κασάμπιαν. ΛΟΣ ΑΝΤΖΕΛΕΣ, 12.— Εγέννησεν αγοράκι η Λύντα Κασάμπιαν. ΛΟΣ ΑΝΤΖΕΛΕΣ, 12.— Εγέννησεν αγοράκι η Λύντα Κασάμπιαν. ΛΟΣ ΑΝΤΖΕΛΕΣ, 12.— Εγέννησεν αγοράκι η Λύντα Κασάμπιαν. ΛΟΣ ΑΝΤΖΕΛΕΣ, 12.— Εγέννησεν αγοράκι η Λύντα Κασάμπιαν. ΛΟΣ ΑΝΤΖΕΛΕΣ, 12.— Εγέννησεν αγοράκι η Λύντα Κασάμπιαν. ΛΟΣ ΑΝΤΖΕΛΕΣ, 12.— Εγέννησεν αγοράκι η Λύντα Κασάμπιαν. ΛΟΣ ΑΝΤΖΕΛΕΣ, 12.— Εγέννησεν αγοράκι η Λύντα Κασάμπιαν. ΛΟΣ ΑΝΤΖΕΛΕΣ, 12.— Εγέννησεν αγοράκι η Λύντα Κασάμπιαν. ΛΟΣ ΑΝΤΖΕΛΕΣ, 12.— Εγέννησεν αγοράκι η Λύντα Κασάμπιαν. ΛΟΣ ΑΝΤΖΕΛΕΣ, 12.— Εγέννησεν αγοράκι η Λύντα Κασάμπιαν. ΛΟΣ ΑΝΤΖΕΛΕΣ, 12.— Εγέννησεν αγοράκι η Λύντα Κασάμπιαν. ΛΟΣ ΑΝΤΖΕΛΕΣ, 12.— Εγέννησεν αγοράκι η Λύντα Κασάμπιαν. ΛΟΣ ΑΝΤΖΕΛΕΣ, 12.— Εγέννησεν αγοράκι η Λύντα Κασάμπιαν. ΛΟΣ ΑΝΤΖΕΛΕΣ, 12.— Εγέννησεν αγοράκι η Λύντα Κασάμπιαν. ΛΟΣ ΑΝΤΖΕΛΕΣ, 12.— Εγέννησεν αγοράκι η Λύντα Κασάμπιαν. ΛΟΣ ΑΝΤΖΕΛΕΣ, 12.— Εγέννησεν αγοράκι η Λύντα Κασάμπιαν. ΛΟΣ ΑΝΤΖΕΛΕΣ, 12.— Εγέννησεν αγοράκι η Λύντα Κασάμπιαν. ΛΟΣ ΑΝΤΖΕΛΕΣ, 12.— Εγέννησεν αγοράκι η Λύντα Κασάμπιαν. ΛΟΣ ΑΝΤΖΕΛΕΣ, 12.— Εγέννησεν αγοράκι η Λύντα Κασάμπιαν. ΛΟΣ ΑΝΤΖΕΛΕΣ, 12.— Εγέννησεν αγοράκι η Λύντα Κασάμπιαν. ΛΟΣ ΑΝΤΖΕΛΕΣ, 12.— Εγέννησεν αγοράκι η Λύντα Κασάμπιαν. ΛΟΣ ΑΝΤΖΕΛΕΣ, 12.— Εγέννησεν αγοράκι η Λύντα Κασάμπιαν. ΛΟΣ ΑΝΤΖΕΛΕΣ, 12.— Εγέννησεν αγοράκι η Λύντα Κασάμπιαν. ΛΟΣ ΑΝΤΖΕΛΕΣ, 12.— Εγέννησεν αγοράκι η Λύντα Κασάμπιαν. ΛΟΣ ΑΝΤΖΕΛΕΣ, 12.— Εγέννησεν αγοράκι η Λύντα Κασάμπιαν. ΛΟΣ ΑΝΤΖΕΛΕΣ, 12.— Εγέννησεν αγοράκι η Λύντα Κασάμπιαν. ΛΟΣ ΑΝΤΖΕΛΕΣ, 12.— Εγέννησεν αγοράκι η Λύντα Κασάμπιαν. ΛΟΣ ΑΝΤΖΕΛΕΣ, 12.— Εγέννησεν αγοράκι η Λύντα Κασάμπιαν. ΛΟΣ ΑΝΤΖΕΛΕΣ, 12.— Εγέννησεν αγοράκι η Λύντα Κασάμπιαν. ΛΟΣ ΑΝΤΖΕΛΕΣ, 12.— Εγέννησεν αγοράκι η Λύντα Κασάμπιαν. ΛΟΣ ΑΝΤΖΕΛΕΣ, 12.— Εγέννησεν αγοράκι η Λύντα Κασάμπιαν. ΛΟΣ ΑΝ

ΑΝΤΙΠΟΛΙΤΕΥΤΙΚΗ ΟΜΑΣ ΕΙΣ ΤΟ ΚΡΕΜΛΙΝΟΝ ΕΝΑΝΤΙΟΝ ΤΩΝ ΜΠΡΕΖΝΙΕΦ ΚΑΙ ΚΟΣΥΓΚΙΝ

ΣΥΝΕΧΕΙΑ ΕΚ ΤΗΣ ΠΡΩΤΗΣ. Αντιπολιτευτική ομάς εις το Κρεμλίνον. ΣΥΝΕΧΕΙΑ ΕΚ ΤΗΣ ΠΡΩΤΗΣ. Αντιπολιτευτική ομάς εις το Κρεμλίνον. ΣΥΝΕΧΕΙΑ ΕΚ ΤΗΣ ΠΡΩΤΗΣ. Αντιπολιτευτική ομάς εις το Κρεμλίνον. ΣΥΝΕΧΕΙΑ ΕΚ ΤΗΣ ΠΡΩΤΗΣ. Αντιπολιτευτική ομάς εις το Κρεμλίνον. ΣΥΝΕΧΕΙΑ ΕΚ ΤΗΣ ΠΡΩΤΗΣ. Αντιπολιτευτική ομάς εις το Κρεμλίνον. ΣΥΝΕΧΕΙΑ ΕΚ ΤΗΣ ΠΡΩΤΗΣ. Αντιπολιτευτική ομάς εις το Κρεμλίνον. ΣΥΝΕΧΕΙΑ ΕΚ ΤΗΣ ΠΡΩΤΗΣ. Αντιπολιτευτική ομάς εις το Κρεμλίνον. ΣΥΝΕΧΕΙΑ ΕΚ ΤΗΣ ΠΡΩΤΗΣ. Αντιπολιτευτική ομάς εις το Κρεμλίνον. ΣΥΝΕΧΕΙΑ ΕΚ ΤΗΣ ΠΡΩΤΗΣ. Αντιπολιτευτική ομάς εις το Κρεμλίνον. ΣΥΝΕΧΕΙΑ ΕΚ ΤΗΣ ΠΡΩΤΗΣ. Αντιπολιτευτική ομάς εις το Κρεμλίνον. ΣΥΝΕΧΕΙΑ ΕΚ ΤΗΣ ΠΡΩΤΗΣ. Αντιπολιτευτική ομάς εις το Κρεμλίνον. ΣΥΝΕΧΕΙΑ ΕΚ ΤΗΣ ΠΡΩΤΗΣ. Αντιπολιτευτική ομάς εις το Κρεμλίνον. ΣΥΝΕΧΕΙΑ ΕΚ ΤΗΣ ΠΡΩΤΗΣ. Αντιπολιτευτική ομάς εις το Κρεμλίνον. ΣΥΝΕΧΕΙΑ ΕΚ ΤΗΣ ΠΡΩΤΗΣ. Αντιπολιτευτική ομάς εις το Κρεμλίνον. ΣΥΝΕΧΕΙΑ ΕΚ ΤΗΣ ΠΡΩΤΗΣ. Αντιπολιτευτική ομάς εις το Κρεμλίνον. ΣΥΝΕΧΕΙΑ ΕΚ ΤΗΣ ΠΡΩΤΗΣ. Αντιπολιτευτική ομάς εις το Κρεμλίνον. ΣΥΝΕΧΕΙΑ ΕΚ ΤΗΣ ΠΡΩΤΗΣ. Αντιπολιτευτική ομάς εις το Κρεμλίνον. ΣΥΝΕΧΕΙΑ ΕΚ ΤΗΣ ΠΡΩΤΗΣ. Αντιπολιτευτική ομάς εις το Κρεμλίνον. ΣΥΝΕΧΕΙΑ ΕΚ ΤΗΣ ΠΡΩΤΗΣ. Αντιπολιτευτική ομάς εις το Κρεμλίνον. ΣΥΝΕΧΕΙΑ ΕΚ ΤΗΣ ΠΡΩΤΗΣ. Αντιπολιτευτική ομάς εις το Κρεμλίνον. ΣΥΝΕΧΕΙΑ ΕΚ ΤΗΣ ΠΡΩΤΗΣ. Αντιπολιτευτική ομάς εις το Κρεμλίνον. ΣΥΝΕΧΕΙΑ ΕΚ ΤΗΣ ΠΡΩΤΗΣ. Αντιπολιτευτική ομάς εις το Κρεμλίνον. ΣΥΝΕΧΕΙΑ ΕΚ ΤΗΣ ΠΡΩΤΗΣ. Αντιπολιτευτική ομάς εις το Κρεμλίνον. ΣΥΝΕΧΕΙΑ ΕΚ ΤΗΣ ΠΡΩΤΗΣ. Αντιπολιτευτική ομάς εις το Κρεμλίνον. ΣΥΝΕΧΕΙΑ ΕΚ ΤΗΣ ΠΡΩΤΗΣ. Αντιπολιτευτική ομάς εις το Κρεμλίνον. ΣΥΝΕΧΕΙΑ ΕΚ ΤΗΣ ΠΡΩΤΗΣ. Αντιπολιτευτική ομάς εις το Κρεμλίνον. ΣΥΝΕΧΕΙΑ ΕΚ ΤΗΣ ΠΡΩΤΗΣ. Αντιπολιτευτική ομάς εις το Κρεμλίνον. ΣΥΝΕΧΕΙΑ ΕΚ ΤΗΣ ΠΡΩΤΗΣ. Αντιπολιτευτική ομάς εις το Κρεμλίνον. ΣΥΝΕΧΕΙΑ ΕΚ ΤΗΣ ΠΡΩΤΗΣ. Αντιπολιτευτική ομάς εις το Κρεμλίνον. ΣΥΝΕΧΕΙΑ ΕΚ ΤΗΣ ΠΡΩΤΗΣ. Αντιπολιτευτική ομάς εις το Κρεμλίνον. ΣΥΝΕΧΕΙΑ ΕΚ ΤΗΣ ΠΡΩΤΗΣ. Αντιπολιτευτική ομάς εις το Κρεμλίνον. ΣΥΝΕΧΕΙΑ ΕΚ ΤΗΣ ΠΡΩΤΗΣ. Αντιπολιτευτική ομάς εις το Κρεμλίνον. ΣΥΝΕΧΕΙΑ ΕΚ ΤΗΣ ΠΡΩΤΗΣ. Αντιπολιτευτική ομάς εις το Κρεμλίνον. ΣΥΝΕΧΕΙΑ ΕΚ ΤΗΣ ΠΡΩΤΗΣ. Αντιπολιτευτική ομάς εις το Κρεμλίνον. ΣΥΝΕΧΕΙΑ ΕΚ ΤΗΣ ΠΡΩΤΗΣ. Αντιπολιτευτική ομάς εις το Κρεμλίνον. ΣΥΝΕΧΕΙΑ ΕΚ ΤΗΣ ΠΡΩΤΗΣ. Αντιπολιτευτική ομάς εις το Κρεμλίνον. ΣΥΝΕΧΕΙΑ ΕΚ ΤΗΣ ΠΡΩΤΗΣ. Αντιπολιτευτική ομάς εις το Κρεμλίνον. ΣΥΝΕΧΕΙΑ ΕΚ ΤΗΣ ΠΡΩΤΗΣ. Αντιπολιτευτική ομάς εις το Κρεμλίνον. ΣΥΝΕΧΕΙΑ ΕΚ ΤΗΣ ΠΡΩΤΗΣ. Αντιπολιτευτική ομάς εις το Κρεμλίνον. ΣΥΝΕΧΕΙΑ ΕΚ ΤΗΣ ΠΡΩΤΗΣ. Αντιπολιτευτική ομάς εις το Κρεμλίνον. ΣΥΝΕΧΕΙΑ ΕΚ ΤΗΣ ΠΡΩΤΗΣ. Αντιπολιτευτική ομάς εις το Κρεμλίνον. ΣΥΝΕΧΕΙΑ ΕΚ ΤΗΣ ΠΡΩΤΗΣ. Αντιπολιτευτική ομάς εις το Κρεμλίνον. ΣΥΝΕΧΕΙΑ ΕΚ ΤΗΣ ΠΡΩΤΗΣ. Αντιπολιτευτική ομάς εις το Κρεμλίνον. ΣΥΝΕΧΕΙΑ ΕΚ ΤΗΣ ΠΡΩΤΗΣ. Αντιπολιτευτική ομάς εις το Κρεμλίνον. ΣΥΝΕΧΕΙΑ ΕΚ ΤΗΣ ΠΡΩΤΗΣ. Αντιπολιτευτική ομάς εις το Κρεμλίνον. ΣΥΝΕΧΕΙΑ ΕΚ ΤΗΣ ΠΡΩΤΗΣ. Αντιπολιτευτική ομάς εις το Κρεμλίνον. ΣΥΝΕΧΕΙΑ ΕΚ ΤΗΣ ΠΡΩΤΗΣ. Αντιπολιτευτική ομάς εις το Κρεμλίνον. ΣΥΝΕΧΕΙΑ ΕΚ ΤΗΣ ΠΡΩΤΗΣ. Αντιπολιτευτική ομάς εις το Κρεμλίνον. ΣΥΝΕΧΕΙΑ ΕΚ ΤΗΣ ΠΡΩΤΗΣ. Αντιπολιτευτική ομάς εις το Κρεμλίνον. ΣΥΝΕΧΕΙΑ ΕΚ ΤΗΣ ΠΡΩΤΗΣ. Αντιπολιτευτική ομάς εις το Κρεμλίνον. ΣΥΝΕΧΕΙΑ ΕΚ ΤΗΣ ΠΡΩΤΗΣ. Αντιπολιτευτική ομάς εις το Κρεμλίνον. ΣΥΝΕΧΕΙΑ ΕΚ ΤΗΣ ΠΡΩΤΗΣ. Αντιπολιτευτική ομάς εις το Κρεμλίνον. ΣΥΝΕΧΕΙΑ ΕΚ ΤΗΣ ΠΡΩΤΗΣ. Αντιπολιτευτική ομάς εις το Κρεμλίνον. ΣΥΝΕΧΕΙΑ ΕΚ ΤΗΣ ΠΡΩΤΗΣ. Αντιπολιτευτική ομάς εις το Κρεμλίνον. ΣΥΝΕΧΕΙΑ ΕΚ ΤΗΣ ΠΡΩΤΗΣ. Αντιπολιτευτική ομάς εις το Κρεμλίνον. ΣΥΝΕΧΕΙΑ ΕΚ ΤΗΣ ΠΡΩΤΗΣ. Αντιπολιτευτική ομάς εις το Κρεμλίνον. ΣΥΝΕΧΕΙΑ ΕΚ ΤΗΣ ΠΡΩΤΗΣ. Αντιπολιτευτική ομάς εις το Κρεμλίνον. ΣΥΝΕΧΕΙΑ ΕΚ ΤΗΣ ΠΡΩΤΗΣ. Αντιπολιτευτική ομάς εις το Κρεμλίνον. ΣΥΝΕΧΕΙΑ ΕΚ ΤΗΣ ΠΡΩΤΗΣ. Αντιπολιτευτική ομάς εις το Κρεμλίνον. ΣΥΝΕΧΕΙΑ ΕΚ ΤΗΣ ΠΡΩΤΗΣ. Αντιπολιτευτική ομάς εις το Κρεμλίνον. ΣΥΝΕΧΕΙΑ ΕΚ ΤΗΣ ΠΡΩΤΗΣ. Αντιπολιτευτική ομάς εις το Κρεμλίνον. ΣΥΝΕΧΕΙΑ ΕΚ ΤΗΣ ΠΡΩΤΗΣ. Αντιπολιτευτική ομάς εις το Κρεμλίνον. ΣΥΝΕΧΕΙΑ ΕΚ ΤΗΣ ΠΡΩΤΗΣ. Αντιπολιτευτική ομάς εις το Κρεμλίνον. ΣΥΝΕΧΕΙΑ ΕΚ ΤΗΣ ΠΡΩΤΗΣ. Αντιπολιτευτική ομάς εις το Κρεμλίνον. ΣΥΝΕΧΕΙΑ ΕΚ ΤΗΣ ΠΡΩΤΗΣ. Αντιπολιτευτική ομάς εις το Κρεμλίνον. ΣΥΝΕΧΕΙΑ ΕΚ ΤΗΣ ΠΡΩΤΗΣ. Αντιπολιτευτική ομάς εις το Κρεμλίνον. ΣΥΝΕΧΕΙΑ ΕΚ ΤΗΣ ΠΡΩΤΗΣ. Αντιπολιτευτική ομάς εις το Κρεμλίνον. ΣΥΝΕΧΕΙΑ ΕΚ ΤΗΣ ΠΡΩΤΗΣ. Αντιπολιτευτική ομάς εις το Κρεμλίνον. ΣΥΝΕΧΕΙΑ ΕΚ ΤΗΣ ΠΡΩΤΗΣ. Αντιπολιτευτική ομάς εις το Κρεμλίνον. ΣΥΝΕΧΕΙΑ ΕΚ ΤΗΣ ΠΡΩΤΗΣ. Αντιπολιτευτική ομάς εις το Κρεμλίνον. ΣΥΝΕΧΕΙΑ ΕΚ ΤΗΣ ΠΡΩΤΗΣ. Αντιπολιτευτική ομάς εις το Κρεμλίνον. ΣΥΝΕΧΕΙΑ ΕΚ ΤΗΣ ΠΡΩΤΗΣ. Αντιπολιτευτική ομάς εις το Κρεμλίνον. ΣΥΝΕΧΕΙΑ ΕΚ ΤΗΣ ΠΡΩΤΗΣ. Αντιπολιτευτική ομάς εις το Κρεμλίνον. ΣΥΝΕΧΕΙΑ ΕΚ ΤΗΣ ΠΡΩΤΗΣ. Αντιπολιτευτική ομάς εις το Κρεμλίνον. ΣΥΝΕΧΕΙΑ ΕΚ ΤΗΣ ΠΡΩΤΗΣ. Αντιπολιτευτική ομάς εις το Κρεμλίνον. ΣΥΝΕΧΕΙΑ ΕΚ ΤΗΣ ΠΡΩΤΗΣ. Αντιπολιτευτική ομάς εις το Κρεμλίνον. ΣΥΝΕΧΕΙΑ ΕΚ ΤΗΣ ΠΡΩΤΗΣ. Αντιπολιτευτική ομάς εις το Κρεμλίνον. ΣΥΝΕΧΕΙΑ ΕΚ ΤΗΣ ΠΡΩΤΗΣ. Αντιπολιτευτική ομάς εις το Κρεμλίνον. ΣΥΝΕΧΕΙΑ ΕΚ ΤΗΣ ΠΡΩΤΗΣ. Αντιπολιτευτική ομάς εις το Κρεμλίνον. ΣΥΝΕΧΕΙΑ ΕΚ ΤΗΣ ΠΡΩΤΗΣ. Αντιπολιτευτική ομάς εις το Κρεμλίνον. ΣΥΝΕΧΕΙΑ ΕΚ ΤΗΣ ΠΡΩΤΗΣ. Αντιπολιτευτική ομάς εις το Κρεμλίνον. ΣΥΝΕΧΕΙΑ ΕΚ ΤΗΣ ΠΡΩΤΗΣ. Αντιπολιτευτική ομάς εις το Κρεμλίνον. ΣΥΝΕΧΕΙΑ ΕΚ ΤΗΣ ΠΡΩΤΗΣ. Αντιπολιτευτική ομάς εις το
